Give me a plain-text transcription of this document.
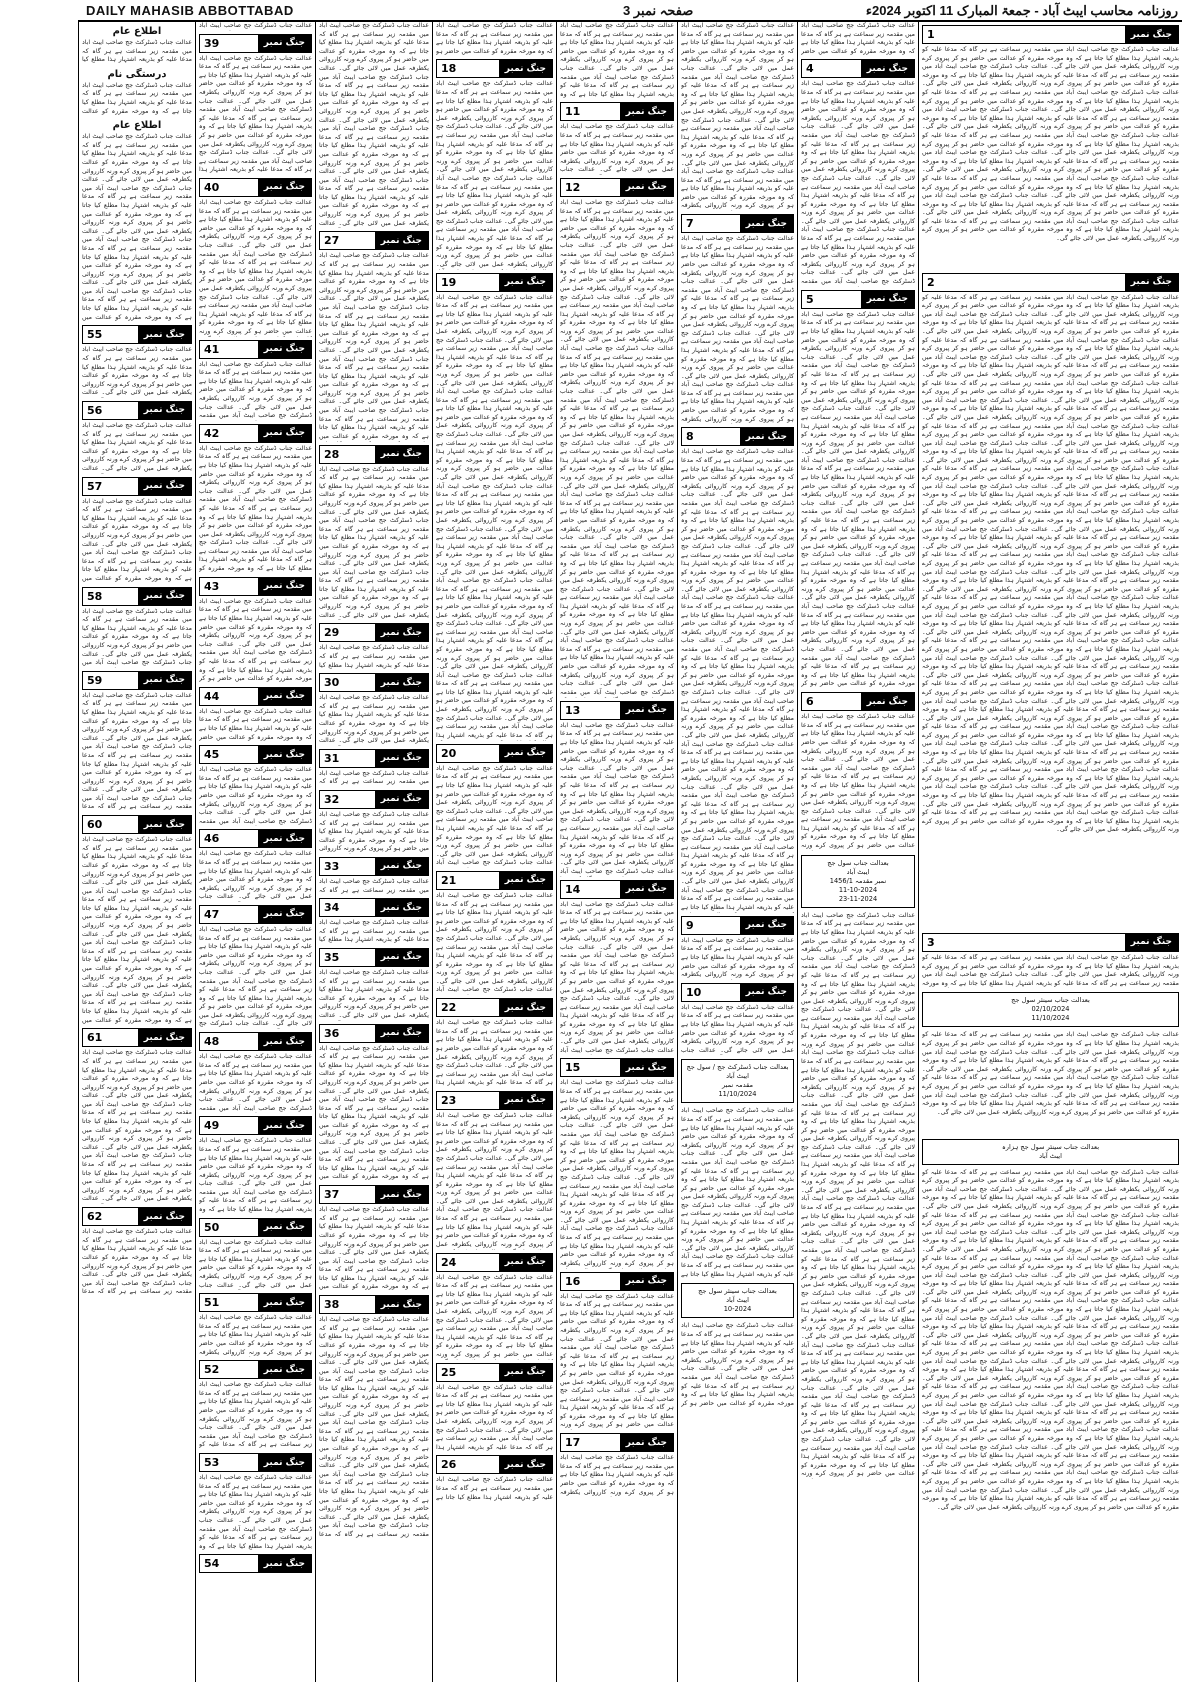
DAILY MAHASIB ABBOTTABAD	صفحہ نمبر 3	روزنامہ محاسب ایبٹ آباد - جمعۃ المبارک 11 اکتوبر 2024ء
اطلاع عام
عدالت جناب ڈسٹرکٹ جج صاحب ایبٹ آباد میں مقدمہ زیر سماعت ہے ہر گاہ کہ مدعا علیہ کو بذریعہ اشتہار ہذا مطلع کیا
درستگی نام
عدالت جناب ڈسٹرکٹ جج صاحب ایبٹ آباد میں مقدمہ زیر سماعت ہے ہر گاہ کہ مدعا علیہ کو بذریعہ اشتہار ہذا مطلع کیا جاتا ہے کہ وہ مورخہ مقررہ کو عدالت
اطلاع عام
عدالت جناب ڈسٹرکٹ جج صاحب ایبٹ آباد میں مقدمہ زیر سماعت ہے ہر گاہ کہ مدعا علیہ کو بذریعہ اشتہار ہذا مطلع کیا جاتا ہے کہ وہ مورخہ مقررہ کو عدالت میں حاضر ہو کر پیروی کرے ورنہ کارروائی یکطرفہ عمل میں لائی جائے گی۔ عدالت جناب ڈسٹرکٹ جج صاحب ایبٹ آباد میں مقدمہ زیر سماعت ہے ہر گاہ کہ مدعا علیہ کو بذریعہ اشتہار ہذا مطلع کیا جاتا ہے کہ وہ مورخہ مقررہ کو عدالت میں حاضر ہو کر پیروی کرے ورنہ کارروائی یکطرفہ عمل میں لائی جائے گی۔ عدالت جناب ڈسٹرکٹ جج صاحب ایبٹ آباد میں مقدمہ زیر سماعت ہے ہر گاہ کہ مدعا علیہ کو بذریعہ اشتہار ہذا مطلع کیا جاتا ہے کہ وہ مورخہ مقررہ کو عدالت میں حاضر ہو کر پیروی کرے ورنہ کارروائی یکطرفہ عمل میں لائی جائے گی۔ عدالت جناب ڈسٹرکٹ جج صاحب ایبٹ آباد میں مقدمہ زیر سماعت ہے ہر گاہ کہ مدعا علیہ کو بذریعہ اشتہار ہذا مطلع کیا جاتا ہے کہ وہ مورخہ مقررہ کو عدالت میں
جنگ نمبر
55
عدالت جناب ڈسٹرکٹ جج صاحب ایبٹ آباد میں مقدمہ زیر سماعت ہے ہر گاہ کہ مدعا علیہ کو بذریعہ اشتہار ہذا مطلع کیا جاتا ہے کہ وہ مورخہ مقررہ کو عدالت میں حاضر ہو کر پیروی کرے ورنہ کارروائی یکطرفہ عمل میں لائی جائے گی۔ عدالت
جنگ نمبر
56
عدالت جناب ڈسٹرکٹ جج صاحب ایبٹ آباد میں مقدمہ زیر سماعت ہے ہر گاہ کہ مدعا علیہ کو بذریعہ اشتہار ہذا مطلع کیا جاتا ہے کہ وہ مورخہ مقررہ کو عدالت میں حاضر ہو کر پیروی کرے ورنہ کارروائی یکطرفہ عمل میں لائی جائے گی۔ عدالت
جنگ نمبر
57
عدالت جناب ڈسٹرکٹ جج صاحب ایبٹ آباد میں مقدمہ زیر سماعت ہے ہر گاہ کہ مدعا علیہ کو بذریعہ اشتہار ہذا مطلع کیا جاتا ہے کہ وہ مورخہ مقررہ کو عدالت میں حاضر ہو کر پیروی کرے ورنہ کارروائی یکطرفہ عمل میں لائی جائے گی۔ عدالت جناب ڈسٹرکٹ جج صاحب ایبٹ آباد میں مقدمہ زیر سماعت ہے ہر گاہ کہ مدعا علیہ کو بذریعہ اشتہار ہذا مطلع کیا جاتا ہے کہ وہ مورخہ مقررہ کو عدالت میں
جنگ نمبر
58
عدالت جناب ڈسٹرکٹ جج صاحب ایبٹ آباد میں مقدمہ زیر سماعت ہے ہر گاہ کہ مدعا علیہ کو بذریعہ اشتہار ہذا مطلع کیا جاتا ہے کہ وہ مورخہ مقررہ کو عدالت میں حاضر ہو کر پیروی کرے ورنہ کارروائی یکطرفہ عمل میں لائی جائے گی۔ عدالت جناب ڈسٹرکٹ جج صاحب ایبٹ آباد میں
جنگ نمبر
59
عدالت جناب ڈسٹرکٹ جج صاحب ایبٹ آباد میں مقدمہ زیر سماعت ہے ہر گاہ کہ مدعا علیہ کو بذریعہ اشتہار ہذا مطلع کیا جاتا ہے کہ وہ مورخہ مقررہ کو عدالت میں حاضر ہو کر پیروی کرے ورنہ کارروائی یکطرفہ عمل میں لائی جائے گی۔ عدالت جناب ڈسٹرکٹ جج صاحب ایبٹ آباد میں مقدمہ زیر سماعت ہے ہر گاہ کہ مدعا علیہ کو بذریعہ اشتہار ہذا مطلع کیا جاتا ہے کہ وہ مورخہ مقررہ کو عدالت میں حاضر ہو کر پیروی کرے ورنہ کارروائی یکطرفہ عمل میں لائی جائے گی۔ عدالت جناب ڈسٹرکٹ جج صاحب ایبٹ آباد میں مقدمہ زیر سماعت ہے ہر گاہ کہ مدعا
جنگ نمبر
60
عدالت جناب ڈسٹرکٹ جج صاحب ایبٹ آباد میں مقدمہ زیر سماعت ہے ہر گاہ کہ مدعا علیہ کو بذریعہ اشتہار ہذا مطلع کیا جاتا ہے کہ وہ مورخہ مقررہ کو عدالت میں حاضر ہو کر پیروی کرے ورنہ کارروائی یکطرفہ عمل میں لائی جائے گی۔ عدالت جناب ڈسٹرکٹ جج صاحب ایبٹ آباد میں مقدمہ زیر سماعت ہے ہر گاہ کہ مدعا علیہ کو بذریعہ اشتہار ہذا مطلع کیا جاتا ہے کہ وہ مورخہ مقررہ کو عدالت میں حاضر ہو کر پیروی کرے ورنہ کارروائی یکطرفہ عمل میں لائی جائے گی۔ عدالت جناب ڈسٹرکٹ جج صاحب ایبٹ آباد میں مقدمہ زیر سماعت ہے ہر گاہ کہ مدعا علیہ کو بذریعہ اشتہار ہذا مطلع کیا جاتا ہے کہ وہ مورخہ مقررہ کو عدالت میں حاضر ہو کر پیروی کرے ورنہ کارروائی یکطرفہ عمل میں لائی جائے گی۔ عدالت جناب ڈسٹرکٹ جج صاحب ایبٹ آباد میں مقدمہ زیر سماعت ہے ہر گاہ کہ مدعا علیہ کو بذریعہ اشتہار ہذا مطلع کیا جاتا ہے کہ وہ مورخہ مقررہ کو عدالت میں
جنگ نمبر
61
عدالت جناب ڈسٹرکٹ جج صاحب ایبٹ آباد میں مقدمہ زیر سماعت ہے ہر گاہ کہ مدعا علیہ کو بذریعہ اشتہار ہذا مطلع کیا جاتا ہے کہ وہ مورخہ مقررہ کو عدالت میں حاضر ہو کر پیروی کرے ورنہ کارروائی یکطرفہ عمل میں لائی جائے گی۔ عدالت جناب ڈسٹرکٹ جج صاحب ایبٹ آباد میں مقدمہ زیر سماعت ہے ہر گاہ کہ مدعا علیہ کو بذریعہ اشتہار ہذا مطلع کیا جاتا ہے کہ وہ مورخہ مقررہ کو عدالت میں حاضر ہو کر پیروی کرے ورنہ کارروائی یکطرفہ عمل میں لائی جائے گی۔ عدالت جناب ڈسٹرکٹ جج صاحب ایبٹ آباد میں مقدمہ زیر سماعت ہے ہر گاہ کہ مدعا علیہ کو بذریعہ اشتہار ہذا مطلع کیا جاتا ہے کہ وہ مورخہ مقررہ کو عدالت میں حاضر ہو کر پیروی کرے ورنہ کارروائی یکطرفہ عمل میں لائی جائے گی۔ عدالت
جنگ نمبر
62
عدالت جناب ڈسٹرکٹ جج صاحب ایبٹ آباد میں مقدمہ زیر سماعت ہے ہر گاہ کہ مدعا علیہ کو بذریعہ اشتہار ہذا مطلع کیا جاتا ہے کہ وہ مورخہ مقررہ کو عدالت میں حاضر ہو کر پیروی کرے ورنہ کارروائی یکطرفہ عمل میں لائی جائے گی۔ عدالت جناب ڈسٹرکٹ جج صاحب ایبٹ آباد میں مقدمہ زیر سماعت ہے ہر گاہ کہ مدعا
عدالت جناب ڈسٹرکٹ جج صاحب ایبٹ آباد
جنگ نمبر
39
عدالت جناب ڈسٹرکٹ جج صاحب ایبٹ آباد میں مقدمہ زیر سماعت ہے ہر گاہ کہ مدعا علیہ کو بذریعہ اشتہار ہذا مطلع کیا جاتا ہے کہ وہ مورخہ مقررہ کو عدالت میں حاضر ہو کر پیروی کرے ورنہ کارروائی یکطرفہ عمل میں لائی جائے گی۔ عدالت جناب ڈسٹرکٹ جج صاحب ایبٹ آباد میں مقدمہ زیر سماعت ہے ہر گاہ کہ مدعا علیہ کو بذریعہ اشتہار ہذا مطلع کیا جاتا ہے کہ وہ مورخہ مقررہ کو عدالت میں حاضر ہو کر پیروی کرے ورنہ کارروائی یکطرفہ عمل میں لائی جائے گی۔ عدالت جناب ڈسٹرکٹ جج صاحب ایبٹ آباد میں مقدمہ زیر سماعت ہے ہر گاہ کہ مدعا علیہ کو بذریعہ اشتہار ہذا
جنگ نمبر
40
عدالت جناب ڈسٹرکٹ جج صاحب ایبٹ آباد میں مقدمہ زیر سماعت ہے ہر گاہ کہ مدعا علیہ کو بذریعہ اشتہار ہذا مطلع کیا جاتا ہے کہ وہ مورخہ مقررہ کو عدالت میں حاضر ہو کر پیروی کرے ورنہ کارروائی یکطرفہ عمل میں لائی جائے گی۔ عدالت جناب ڈسٹرکٹ جج صاحب ایبٹ آباد میں مقدمہ زیر سماعت ہے ہر گاہ کہ مدعا علیہ کو بذریعہ اشتہار ہذا مطلع کیا جاتا ہے کہ وہ مورخہ مقررہ کو عدالت میں حاضر ہو کر پیروی کرے ورنہ کارروائی یکطرفہ عمل میں لائی جائے گی۔ عدالت جناب ڈسٹرکٹ جج صاحب ایبٹ آباد میں مقدمہ زیر سماعت ہے ہر گاہ کہ مدعا علیہ کو بذریعہ اشتہار ہذا مطلع کیا جاتا ہے کہ وہ مورخہ مقررہ کو عدالت میں حاضر ہو کر پیروی کرے ورنہ
جنگ نمبر
41
عدالت جناب ڈسٹرکٹ جج صاحب ایبٹ آباد میں مقدمہ زیر سماعت ہے ہر گاہ کہ مدعا علیہ کو بذریعہ اشتہار ہذا مطلع کیا جاتا ہے کہ وہ مورخہ مقررہ کو عدالت میں حاضر ہو کر پیروی کرے ورنہ کارروائی یکطرفہ عمل میں لائی جائے گی۔ عدالت جناب ڈسٹرکٹ جج صاحب ایبٹ آباد میں مقدمہ
جنگ نمبر
42
عدالت جناب ڈسٹرکٹ جج صاحب ایبٹ آباد میں مقدمہ زیر سماعت ہے ہر گاہ کہ مدعا علیہ کو بذریعہ اشتہار ہذا مطلع کیا جاتا ہے کہ وہ مورخہ مقررہ کو عدالت میں حاضر ہو کر پیروی کرے ورنہ کارروائی یکطرفہ عمل میں لائی جائے گی۔ عدالت جناب ڈسٹرکٹ جج صاحب ایبٹ آباد میں مقدمہ زیر سماعت ہے ہر گاہ کہ مدعا علیہ کو بذریعہ اشتہار ہذا مطلع کیا جاتا ہے کہ وہ مورخہ مقررہ کو عدالت میں حاضر ہو کر پیروی کرے ورنہ کارروائی یکطرفہ عمل میں لائی جائے گی۔ عدالت جناب ڈسٹرکٹ جج صاحب ایبٹ آباد میں مقدمہ زیر سماعت ہے ہر گاہ کہ مدعا علیہ کو بذریعہ اشتہار ہذا مطلع کیا جاتا ہے کہ وہ مورخہ مقررہ کو
جنگ نمبر
43
عدالت جناب ڈسٹرکٹ جج صاحب ایبٹ آباد میں مقدمہ زیر سماعت ہے ہر گاہ کہ مدعا علیہ کو بذریعہ اشتہار ہذا مطلع کیا جاتا ہے کہ وہ مورخہ مقررہ کو عدالت میں حاضر ہو کر پیروی کرے ورنہ کارروائی یکطرفہ عمل میں لائی جائے گی۔ عدالت جناب ڈسٹرکٹ جج صاحب ایبٹ آباد میں مقدمہ زیر سماعت ہے ہر گاہ کہ مدعا علیہ کو بذریعہ اشتہار ہذا مطلع کیا جاتا ہے کہ وہ مورخہ مقررہ کو عدالت میں حاضر ہو کر
جنگ نمبر
44
عدالت جناب ڈسٹرکٹ جج صاحب ایبٹ آباد میں مقدمہ زیر سماعت ہے ہر گاہ کہ مدعا علیہ کو بذریعہ اشتہار ہذا مطلع کیا جاتا ہے کہ وہ مورخہ مقررہ کو عدالت میں حاضر
جنگ نمبر
45
عدالت جناب ڈسٹرکٹ جج صاحب ایبٹ آباد میں مقدمہ زیر سماعت ہے ہر گاہ کہ مدعا علیہ کو بذریعہ اشتہار ہذا مطلع کیا جاتا ہے کہ وہ مورخہ مقررہ کو عدالت میں حاضر ہو کر پیروی کرے ورنہ کارروائی یکطرفہ عمل میں لائی جائے گی۔ عدالت جناب ڈسٹرکٹ جج صاحب ایبٹ آباد میں مقدمہ
جنگ نمبر
46
عدالت جناب ڈسٹرکٹ جج صاحب ایبٹ آباد میں مقدمہ زیر سماعت ہے ہر گاہ کہ مدعا علیہ کو بذریعہ اشتہار ہذا مطلع کیا جاتا ہے کہ وہ مورخہ مقررہ کو عدالت میں حاضر ہو کر پیروی کرے ورنہ کارروائی یکطرفہ عمل میں لائی جائے گی۔ عدالت جناب
جنگ نمبر
47
عدالت جناب ڈسٹرکٹ جج صاحب ایبٹ آباد میں مقدمہ زیر سماعت ہے ہر گاہ کہ مدعا علیہ کو بذریعہ اشتہار ہذا مطلع کیا جاتا ہے کہ وہ مورخہ مقررہ کو عدالت میں حاضر ہو کر پیروی کرے ورنہ کارروائی یکطرفہ عمل میں لائی جائے گی۔ عدالت جناب ڈسٹرکٹ جج صاحب ایبٹ آباد میں مقدمہ زیر سماعت ہے ہر گاہ کہ مدعا علیہ کو بذریعہ اشتہار ہذا مطلع کیا جاتا ہے کہ وہ مورخہ مقررہ کو عدالت میں حاضر ہو کر پیروی کرے ورنہ کارروائی یکطرفہ عمل میں لائی جائے گی۔ عدالت جناب ڈسٹرکٹ جج
جنگ نمبر
48
عدالت جناب ڈسٹرکٹ جج صاحب ایبٹ آباد میں مقدمہ زیر سماعت ہے ہر گاہ کہ مدعا علیہ کو بذریعہ اشتہار ہذا مطلع کیا جاتا ہے کہ وہ مورخہ مقررہ کو عدالت میں حاضر ہو کر پیروی کرے ورنہ کارروائی یکطرفہ عمل میں لائی جائے گی۔ عدالت جناب ڈسٹرکٹ جج صاحب ایبٹ آباد میں مقدمہ
جنگ نمبر
49
عدالت جناب ڈسٹرکٹ جج صاحب ایبٹ آباد میں مقدمہ زیر سماعت ہے ہر گاہ کہ مدعا علیہ کو بذریعہ اشتہار ہذا مطلع کیا جاتا ہے کہ وہ مورخہ مقررہ کو عدالت میں حاضر ہو کر پیروی کرے ورنہ کارروائی یکطرفہ عمل میں لائی جائے گی۔ عدالت جناب ڈسٹرکٹ جج صاحب ایبٹ آباد میں مقدمہ زیر سماعت ہے ہر گاہ کہ مدعا علیہ کو بذریعہ اشتہار ہذا مطلع کیا جاتا ہے کہ وہ
جنگ نمبر
50
عدالت جناب ڈسٹرکٹ جج صاحب ایبٹ آباد میں مقدمہ زیر سماعت ہے ہر گاہ کہ مدعا علیہ کو بذریعہ اشتہار ہذا مطلع کیا جاتا ہے کہ وہ مورخہ مقررہ کو عدالت میں حاضر ہو کر پیروی کرے ورنہ کارروائی یکطرفہ عمل میں لائی جائے گی۔ عدالت جناب
جنگ نمبر
51
عدالت جناب ڈسٹرکٹ جج صاحب ایبٹ آباد میں مقدمہ زیر سماعت ہے ہر گاہ کہ مدعا علیہ کو بذریعہ اشتہار ہذا مطلع کیا جاتا ہے کہ وہ مورخہ مقررہ کو عدالت میں حاضر ہو کر پیروی کرے ورنہ کارروائی یکطرفہ
جنگ نمبر
52
عدالت جناب ڈسٹرکٹ جج صاحب ایبٹ آباد میں مقدمہ زیر سماعت ہے ہر گاہ کہ مدعا علیہ کو بذریعہ اشتہار ہذا مطلع کیا جاتا ہے کہ وہ مورخہ مقررہ کو عدالت میں حاضر ہو کر پیروی کرے ورنہ کارروائی یکطرفہ عمل میں لائی جائے گی۔ عدالت جناب ڈسٹرکٹ جج صاحب ایبٹ آباد میں مقدمہ زیر سماعت ہے ہر گاہ کہ مدعا علیہ کو
جنگ نمبر
53
عدالت جناب ڈسٹرکٹ جج صاحب ایبٹ آباد میں مقدمہ زیر سماعت ہے ہر گاہ کہ مدعا علیہ کو بذریعہ اشتہار ہذا مطلع کیا جاتا ہے کہ وہ مورخہ مقررہ کو عدالت میں حاضر ہو کر پیروی کرے ورنہ کارروائی یکطرفہ عمل میں لائی جائے گی۔ عدالت جناب ڈسٹرکٹ جج صاحب ایبٹ آباد میں مقدمہ زیر سماعت ہے ہر گاہ کہ مدعا علیہ کو بذریعہ اشتہار ہذا مطلع کیا جاتا ہے کہ وہ
جنگ نمبر
54
عدالت جناب ڈسٹرکٹ جج صاحب ایبٹ آباد میں مقدمہ زیر سماعت ہے ہر گاہ کہ مدعا علیہ کو بذریعہ اشتہار ہذا مطلع کیا جاتا ہے کہ وہ مورخہ مقررہ کو عدالت میں حاضر ہو کر پیروی کرے ورنہ کارروائی یکطرفہ عمل میں لائی جائے گی۔ عدالت جناب ڈسٹرکٹ جج صاحب ایبٹ آباد میں مقدمہ زیر سماعت ہے ہر گاہ کہ مدعا علیہ کو بذریعہ اشتہار ہذا مطلع کیا جاتا ہے کہ وہ مورخہ مقررہ کو عدالت میں حاضر ہو کر پیروی کرے ورنہ کارروائی یکطرفہ عمل میں لائی جائے گی۔ عدالت جناب ڈسٹرکٹ جج صاحب ایبٹ آباد میں مقدمہ زیر سماعت ہے ہر گاہ کہ مدعا علیہ کو بذریعہ اشتہار ہذا مطلع کیا جاتا ہے کہ وہ مورخہ مقررہ کو عدالت میں حاضر ہو کر پیروی کرے ورنہ کارروائی یکطرفہ عمل میں لائی جائے گی۔ عدالت جناب ڈسٹرکٹ جج صاحب ایبٹ آباد میں مقدمہ زیر سماعت ہے ہر گاہ کہ مدعا علیہ کو بذریعہ اشتہار ہذا مطلع کیا جاتا ہے کہ وہ مورخہ مقررہ کو عدالت میں حاضر ہو کر پیروی کرے ورنہ کارروائی یکطرفہ عمل میں لائی جائے گی۔ عدالت
جنگ نمبر
27
عدالت جناب ڈسٹرکٹ جج صاحب ایبٹ آباد میں مقدمہ زیر سماعت ہے ہر گاہ کہ مدعا علیہ کو بذریعہ اشتہار ہذا مطلع کیا جاتا ہے کہ وہ مورخہ مقررہ کو عدالت میں حاضر ہو کر پیروی کرے ورنہ کارروائی یکطرفہ عمل میں لائی جائے گی۔ عدالت جناب ڈسٹرکٹ جج صاحب ایبٹ آباد میں مقدمہ زیر سماعت ہے ہر گاہ کہ مدعا علیہ کو بذریعہ اشتہار ہذا مطلع کیا جاتا ہے کہ وہ مورخہ مقررہ کو عدالت میں حاضر ہو کر پیروی کرے ورنہ کارروائی یکطرفہ عمل میں لائی جائے گی۔ عدالت جناب ڈسٹرکٹ جج صاحب ایبٹ آباد میں مقدمہ زیر سماعت ہے ہر گاہ کہ مدعا علیہ کو بذریعہ اشتہار ہذا مطلع کیا جاتا ہے کہ وہ مورخہ مقررہ کو عدالت میں حاضر ہو کر پیروی کرے ورنہ کارروائی یکطرفہ عمل میں لائی جائے گی۔ عدالت جناب ڈسٹرکٹ جج صاحب ایبٹ آباد میں مقدمہ زیر سماعت ہے ہر گاہ کہ مدعا علیہ کو بذریعہ اشتہار ہذا مطلع کیا جاتا ہے کہ وہ مورخہ مقررہ کو عدالت میں
جنگ نمبر
28
عدالت جناب ڈسٹرکٹ جج صاحب ایبٹ آباد میں مقدمہ زیر سماعت ہے ہر گاہ کہ مدعا علیہ کو بذریعہ اشتہار ہذا مطلع کیا جاتا ہے کہ وہ مورخہ مقررہ کو عدالت میں حاضر ہو کر پیروی کرے ورنہ کارروائی یکطرفہ عمل میں لائی جائے گی۔ عدالت جناب ڈسٹرکٹ جج صاحب ایبٹ آباد میں مقدمہ زیر سماعت ہے ہر گاہ کہ مدعا علیہ کو بذریعہ اشتہار ہذا مطلع کیا جاتا ہے کہ وہ مورخہ مقررہ کو عدالت میں حاضر ہو کر پیروی کرے ورنہ کارروائی یکطرفہ عمل میں لائی جائے گی۔ عدالت جناب ڈسٹرکٹ جج صاحب ایبٹ آباد میں مقدمہ زیر سماعت ہے ہر گاہ کہ مدعا علیہ کو بذریعہ اشتہار ہذا مطلع کیا جاتا ہے کہ وہ مورخہ مقررہ کو عدالت میں حاضر ہو کر پیروی کرے ورنہ کارروائی یکطرفہ عمل میں لائی جائے گی۔ عدالت
جنگ نمبر
29
عدالت جناب ڈسٹرکٹ جج صاحب ایبٹ آباد میں مقدمہ زیر سماعت ہے ہر گاہ کہ مدعا علیہ کو بذریعہ اشتہار ہذا مطلع کیا
جنگ نمبر
30
عدالت جناب ڈسٹرکٹ جج صاحب ایبٹ آباد میں مقدمہ زیر سماعت ہے ہر گاہ کہ مدعا علیہ کو بذریعہ اشتہار ہذا مطلع کیا جاتا ہے کہ وہ مورخہ مقررہ کو عدالت میں حاضر ہو کر پیروی کرے ورنہ کارروائی یکطرفہ عمل میں لائی جائے گی۔ عدالت
جنگ نمبر
31
عدالت جناب ڈسٹرکٹ جج صاحب ایبٹ آباد میں مقدمہ زیر سماعت ہے ہر گاہ کہ
جنگ نمبر
32
عدالت جناب ڈسٹرکٹ جج صاحب ایبٹ آباد میں مقدمہ زیر سماعت ہے ہر گاہ کہ مدعا علیہ کو بذریعہ اشتہار ہذا مطلع کیا جاتا ہے کہ وہ مورخہ مقررہ کو عدالت میں حاضر ہو کر پیروی کرے ورنہ کارروائی
جنگ نمبر
33
عدالت جناب ڈسٹرکٹ جج صاحب ایبٹ آباد میں مقدمہ زیر سماعت ہے ہر گاہ کہ
جنگ نمبر
34
عدالت جناب ڈسٹرکٹ جج صاحب ایبٹ آباد میں مقدمہ زیر سماعت ہے ہر گاہ کہ مدعا علیہ کو بذریعہ اشتہار ہذا مطلع کیا
جنگ نمبر
35
عدالت جناب ڈسٹرکٹ جج صاحب ایبٹ آباد میں مقدمہ زیر سماعت ہے ہر گاہ کہ مدعا علیہ کو بذریعہ اشتہار ہذا مطلع کیا جاتا ہے کہ وہ مورخہ مقررہ کو عدالت میں حاضر ہو کر پیروی کرے ورنہ کارروائی یکطرفہ عمل میں لائی جائے گی۔ عدالت
جنگ نمبر
36
عدالت جناب ڈسٹرکٹ جج صاحب ایبٹ آباد میں مقدمہ زیر سماعت ہے ہر گاہ کہ مدعا علیہ کو بذریعہ اشتہار ہذا مطلع کیا جاتا ہے کہ وہ مورخہ مقررہ کو عدالت میں حاضر ہو کر پیروی کرے ورنہ کارروائی یکطرفہ عمل میں لائی جائے گی۔ عدالت جناب ڈسٹرکٹ جج صاحب ایبٹ آباد میں مقدمہ زیر سماعت ہے ہر گاہ کہ مدعا علیہ کو بذریعہ اشتہار ہذا مطلع کیا جاتا ہے کہ وہ مورخہ مقررہ کو عدالت میں حاضر ہو کر پیروی کرے ورنہ کارروائی یکطرفہ عمل میں لائی جائے گی۔ عدالت جناب ڈسٹرکٹ جج صاحب ایبٹ آباد میں مقدمہ زیر سماعت ہے ہر گاہ کہ مدعا علیہ کو بذریعہ اشتہار ہذا مطلع کیا جاتا ہے کہ وہ مورخہ مقررہ کو عدالت میں
جنگ نمبر
37
عدالت جناب ڈسٹرکٹ جج صاحب ایبٹ آباد میں مقدمہ زیر سماعت ہے ہر گاہ کہ مدعا علیہ کو بذریعہ اشتہار ہذا مطلع کیا جاتا ہے کہ وہ مورخہ مقررہ کو عدالت میں حاضر ہو کر پیروی کرے ورنہ کارروائی یکطرفہ عمل میں لائی جائے گی۔ عدالت جناب ڈسٹرکٹ جج صاحب ایبٹ آباد میں مقدمہ زیر سماعت ہے ہر گاہ کہ مدعا علیہ کو بذریعہ اشتہار ہذا مطلع کیا جاتا ہے کہ وہ مورخہ مقررہ کو عدالت میں
جنگ نمبر
38
عدالت جناب ڈسٹرکٹ جج صاحب ایبٹ آباد میں مقدمہ زیر سماعت ہے ہر گاہ کہ مدعا علیہ کو بذریعہ اشتہار ہذا مطلع کیا جاتا ہے کہ وہ مورخہ مقررہ کو عدالت میں حاضر ہو کر پیروی کرے ورنہ کارروائی یکطرفہ عمل میں لائی جائے گی۔ عدالت جناب ڈسٹرکٹ جج صاحب ایبٹ آباد میں مقدمہ زیر سماعت ہے ہر گاہ کہ مدعا علیہ کو بذریعہ اشتہار ہذا مطلع کیا جاتا ہے کہ وہ مورخہ مقررہ کو عدالت میں حاضر ہو کر پیروی کرے ورنہ کارروائی یکطرفہ عمل میں لائی جائے گی۔ عدالت جناب ڈسٹرکٹ جج صاحب ایبٹ آباد میں مقدمہ زیر سماعت ہے ہر گاہ کہ مدعا علیہ کو بذریعہ اشتہار ہذا مطلع کیا جاتا ہے کہ وہ مورخہ مقررہ کو عدالت میں حاضر ہو کر پیروی کرے ورنہ کارروائی یکطرفہ عمل میں لائی جائے گی۔ عدالت جناب ڈسٹرکٹ جج صاحب ایبٹ آباد میں مقدمہ زیر سماعت ہے ہر گاہ کہ مدعا علیہ کو بذریعہ اشتہار ہذا مطلع کیا جاتا ہے کہ وہ مورخہ مقررہ کو عدالت میں حاضر ہو کر پیروی کرے ورنہ کارروائی یکطرفہ عمل میں لائی جائے گی۔ عدالت جناب ڈسٹرکٹ جج صاحب ایبٹ آباد میں مقدمہ زیر سماعت ہے ہر گاہ کہ مدعا
عدالت جناب ڈسٹرکٹ جج صاحب ایبٹ آباد میں مقدمہ زیر سماعت ہے ہر گاہ کہ مدعا علیہ کو بذریعہ اشتہار ہذا مطلع کیا جاتا ہے کہ وہ مورخہ مقررہ کو عدالت میں حاضر ہو
جنگ نمبر
18
عدالت جناب ڈسٹرکٹ جج صاحب ایبٹ آباد میں مقدمہ زیر سماعت ہے ہر گاہ کہ مدعا علیہ کو بذریعہ اشتہار ہذا مطلع کیا جاتا ہے کہ وہ مورخہ مقررہ کو عدالت میں حاضر ہو کر پیروی کرے ورنہ کارروائی یکطرفہ عمل میں لائی جائے گی۔ عدالت جناب ڈسٹرکٹ جج صاحب ایبٹ آباد میں مقدمہ زیر سماعت ہے ہر گاہ کہ مدعا علیہ کو بذریعہ اشتہار ہذا مطلع کیا جاتا ہے کہ وہ مورخہ مقررہ کو عدالت میں حاضر ہو کر پیروی کرے ورنہ کارروائی یکطرفہ عمل میں لائی جائے گی۔ عدالت جناب ڈسٹرکٹ جج صاحب ایبٹ آباد میں مقدمہ زیر سماعت ہے ہر گاہ کہ مدعا علیہ کو بذریعہ اشتہار ہذا مطلع کیا جاتا ہے کہ وہ مورخہ مقررہ کو عدالت میں حاضر ہو کر پیروی کرے ورنہ کارروائی یکطرفہ عمل میں لائی جائے گی۔ عدالت جناب ڈسٹرکٹ جج صاحب ایبٹ آباد میں مقدمہ زیر سماعت ہے ہر گاہ کہ مدعا علیہ کو بذریعہ اشتہار ہذا مطلع کیا جاتا ہے کہ وہ مورخہ مقررہ کو عدالت میں حاضر ہو کر پیروی کرے ورنہ کارروائی یکطرفہ عمل میں لائی جائے گی۔
جنگ نمبر
19
عدالت جناب ڈسٹرکٹ جج صاحب ایبٹ آباد میں مقدمہ زیر سماعت ہے ہر گاہ کہ مدعا علیہ کو بذریعہ اشتہار ہذا مطلع کیا جاتا ہے کہ وہ مورخہ مقررہ کو عدالت میں حاضر ہو کر پیروی کرے ورنہ کارروائی یکطرفہ عمل میں لائی جائے گی۔ عدالت جناب ڈسٹرکٹ جج صاحب ایبٹ آباد میں مقدمہ زیر سماعت ہے ہر گاہ کہ مدعا علیہ کو بذریعہ اشتہار ہذا مطلع کیا جاتا ہے کہ وہ مورخہ مقررہ کو عدالت میں حاضر ہو کر پیروی کرے ورنہ کارروائی یکطرفہ عمل میں لائی جائے گی۔ عدالت جناب ڈسٹرکٹ جج صاحب ایبٹ آباد میں مقدمہ زیر سماعت ہے ہر گاہ کہ مدعا علیہ کو بذریعہ اشتہار ہذا مطلع کیا جاتا ہے کہ وہ مورخہ مقررہ کو عدالت میں حاضر ہو کر پیروی کرے ورنہ کارروائی یکطرفہ عمل میں لائی جائے گی۔ عدالت جناب ڈسٹرکٹ جج صاحب ایبٹ آباد میں مقدمہ زیر سماعت ہے ہر گاہ کہ مدعا علیہ کو بذریعہ اشتہار ہذا مطلع کیا جاتا ہے کہ وہ مورخہ مقررہ کو عدالت میں حاضر ہو کر پیروی کرے ورنہ کارروائی یکطرفہ عمل میں لائی جائے گی۔ عدالت جناب ڈسٹرکٹ جج صاحب ایبٹ آباد میں مقدمہ زیر سماعت ہے ہر گاہ کہ مدعا علیہ کو بذریعہ اشتہار ہذا مطلع کیا جاتا ہے کہ وہ مورخہ مقررہ کو عدالت میں حاضر ہو کر پیروی کرے ورنہ کارروائی یکطرفہ عمل میں لائی جائے گی۔ عدالت جناب ڈسٹرکٹ جج صاحب ایبٹ آباد میں مقدمہ زیر سماعت ہے ہر گاہ کہ مدعا علیہ کو بذریعہ اشتہار ہذا مطلع کیا جاتا ہے کہ وہ مورخہ مقررہ کو عدالت میں حاضر ہو کر پیروی کرے ورنہ کارروائی یکطرفہ عمل میں لائی جائے گی۔ عدالت جناب ڈسٹرکٹ جج صاحب ایبٹ آباد میں مقدمہ زیر سماعت ہے ہر گاہ کہ مدعا علیہ کو بذریعہ اشتہار ہذا مطلع کیا جاتا ہے کہ وہ مورخہ مقررہ کو عدالت میں حاضر ہو کر پیروی کرے ورنہ کارروائی یکطرفہ عمل میں لائی جائے گی۔ عدالت جناب ڈسٹرکٹ جج صاحب ایبٹ آباد میں مقدمہ زیر سماعت ہے ہر گاہ کہ مدعا علیہ کو بذریعہ اشتہار ہذا مطلع کیا جاتا ہے کہ وہ مورخہ مقررہ کو عدالت میں حاضر ہو کر پیروی کرے ورنہ کارروائی یکطرفہ عمل میں لائی جائے گی۔ عدالت جناب ڈسٹرکٹ جج صاحب ایبٹ آباد میں مقدمہ زیر سماعت ہے ہر گاہ کہ مدعا علیہ کو بذریعہ اشتہار ہذا مطلع کیا جاتا ہے کہ وہ مورخہ مقررہ کو عدالت میں حاضر ہو کر پیروی کرے ورنہ کارروائی یکطرفہ عمل میں لائی جائے گی۔ عدالت جناب ڈسٹرکٹ جج صاحب ایبٹ آباد میں مقدمہ زیر سماعت ہے ہر گاہ کہ مدعا علیہ کو بذریعہ اشتہار ہذا
جنگ نمبر
20
عدالت جناب ڈسٹرکٹ جج صاحب ایبٹ آباد میں مقدمہ زیر سماعت ہے ہر گاہ کہ مدعا علیہ کو بذریعہ اشتہار ہذا مطلع کیا جاتا ہے کہ وہ مورخہ مقررہ کو عدالت میں حاضر ہو کر پیروی کرے ورنہ کارروائی یکطرفہ عمل میں لائی جائے گی۔ عدالت جناب ڈسٹرکٹ جج صاحب ایبٹ آباد میں مقدمہ زیر سماعت ہے ہر گاہ کہ مدعا علیہ کو بذریعہ اشتہار ہذا مطلع کیا جاتا ہے کہ وہ مورخہ مقررہ کو عدالت میں حاضر ہو کر پیروی کرے ورنہ کارروائی یکطرفہ عمل میں لائی جائے گی۔ عدالت جناب ڈسٹرکٹ جج صاحب ایبٹ آباد
جنگ نمبر
21
عدالت جناب ڈسٹرکٹ جج صاحب ایبٹ آباد میں مقدمہ زیر سماعت ہے ہر گاہ کہ مدعا علیہ کو بذریعہ اشتہار ہذا مطلع کیا جاتا ہے کہ وہ مورخہ مقررہ کو عدالت میں حاضر ہو کر پیروی کرے ورنہ کارروائی یکطرفہ عمل میں لائی جائے گی۔ عدالت جناب ڈسٹرکٹ جج صاحب ایبٹ آباد میں مقدمہ زیر سماعت ہے ہر گاہ کہ مدعا علیہ کو بذریعہ اشتہار ہذا مطلع کیا جاتا ہے کہ وہ مورخہ مقررہ کو عدالت میں حاضر ہو کر پیروی کرے ورنہ کارروائی یکطرفہ عمل میں لائی جائے گی۔ عدالت جناب ڈسٹرکٹ جج صاحب ایبٹ آباد
جنگ نمبر
22
عدالت جناب ڈسٹرکٹ جج صاحب ایبٹ آباد میں مقدمہ زیر سماعت ہے ہر گاہ کہ مدعا علیہ کو بذریعہ اشتہار ہذا مطلع کیا جاتا ہے کہ وہ مورخہ مقررہ کو عدالت میں حاضر ہو کر پیروی کرے ورنہ کارروائی یکطرفہ عمل میں لائی جائے گی۔ عدالت جناب ڈسٹرکٹ جج صاحب ایبٹ آباد میں مقدمہ زیر سماعت ہے ہر گاہ کہ مدعا علیہ کو بذریعہ اشتہار ہذا
جنگ نمبر
23
عدالت جناب ڈسٹرکٹ جج صاحب ایبٹ آباد میں مقدمہ زیر سماعت ہے ہر گاہ کہ مدعا علیہ کو بذریعہ اشتہار ہذا مطلع کیا جاتا ہے کہ وہ مورخہ مقررہ کو عدالت میں حاضر ہو کر پیروی کرے ورنہ کارروائی یکطرفہ عمل میں لائی جائے گی۔ عدالت جناب ڈسٹرکٹ جج صاحب ایبٹ آباد میں مقدمہ زیر سماعت ہے ہر گاہ کہ مدعا علیہ کو بذریعہ اشتہار ہذا مطلع کیا جاتا ہے کہ وہ مورخہ مقررہ کو عدالت میں حاضر ہو کر پیروی کرے ورنہ کارروائی یکطرفہ عمل میں لائی جائے گی۔ عدالت جناب ڈسٹرکٹ جج صاحب ایبٹ آباد میں مقدمہ زیر سماعت ہے ہر گاہ کہ مدعا علیہ کو بذریعہ اشتہار ہذا مطلع کیا جاتا ہے کہ وہ مورخہ مقررہ کو عدالت میں حاضر ہو کر پیروی کرے ورنہ کارروائی یکطرفہ عمل
جنگ نمبر
24
عدالت جناب ڈسٹرکٹ جج صاحب ایبٹ آباد میں مقدمہ زیر سماعت ہے ہر گاہ کہ مدعا علیہ کو بذریعہ اشتہار ہذا مطلع کیا جاتا ہے کہ وہ مورخہ مقررہ کو عدالت میں حاضر ہو کر پیروی کرے ورنہ کارروائی یکطرفہ عمل میں لائی جائے گی۔ عدالت جناب ڈسٹرکٹ جج صاحب ایبٹ آباد میں مقدمہ زیر سماعت ہے ہر گاہ کہ مدعا علیہ کو بذریعہ اشتہار ہذا مطلع کیا جاتا ہے کہ وہ مورخہ مقررہ کو عدالت میں حاضر ہو کر پیروی کرے ورنہ
جنگ نمبر
25
عدالت جناب ڈسٹرکٹ جج صاحب ایبٹ آباد میں مقدمہ زیر سماعت ہے ہر گاہ کہ مدعا علیہ کو بذریعہ اشتہار ہذا مطلع کیا جاتا ہے کہ وہ مورخہ مقررہ کو عدالت میں حاضر ہو کر پیروی کرے ورنہ کارروائی یکطرفہ عمل میں لائی جائے گی۔ عدالت جناب ڈسٹرکٹ جج صاحب ایبٹ آباد میں مقدمہ زیر سماعت ہے ہر گاہ کہ مدعا علیہ کو بذریعہ اشتہار ہذا
جنگ نمبر
26
عدالت جناب ڈسٹرکٹ جج صاحب ایبٹ آباد میں مقدمہ زیر سماعت ہے ہر گاہ کہ مدعا علیہ کو بذریعہ اشتہار ہذا مطلع کیا جاتا ہے
عدالت جناب ڈسٹرکٹ جج صاحب ایبٹ آباد میں مقدمہ زیر سماعت ہے ہر گاہ کہ مدعا علیہ کو بذریعہ اشتہار ہذا مطلع کیا جاتا ہے کہ وہ مورخہ مقررہ کو عدالت میں حاضر ہو کر پیروی کرے ورنہ کارروائی یکطرفہ عمل میں لائی جائے گی۔ عدالت جناب ڈسٹرکٹ جج صاحب ایبٹ آباد میں مقدمہ زیر سماعت ہے ہر گاہ کہ مدعا علیہ کو بذریعہ اشتہار ہذا مطلع کیا جاتا ہے کہ وہ
جنگ نمبر
11
عدالت جناب ڈسٹرکٹ جج صاحب ایبٹ آباد میں مقدمہ زیر سماعت ہے ہر گاہ کہ مدعا علیہ کو بذریعہ اشتہار ہذا مطلع کیا جاتا ہے کہ وہ مورخہ مقررہ کو عدالت میں حاضر ہو کر پیروی کرے ورنہ کارروائی یکطرفہ عمل میں لائی جائے گی۔ عدالت جناب
جنگ نمبر
12
عدالت جناب ڈسٹرکٹ جج صاحب ایبٹ آباد میں مقدمہ زیر سماعت ہے ہر گاہ کہ مدعا علیہ کو بذریعہ اشتہار ہذا مطلع کیا جاتا ہے کہ وہ مورخہ مقررہ کو عدالت میں حاضر ہو کر پیروی کرے ورنہ کارروائی یکطرفہ عمل میں لائی جائے گی۔ عدالت جناب ڈسٹرکٹ جج صاحب ایبٹ آباد میں مقدمہ زیر سماعت ہے ہر گاہ کہ مدعا علیہ کو بذریعہ اشتہار ہذا مطلع کیا جاتا ہے کہ وہ مورخہ مقررہ کو عدالت میں حاضر ہو کر پیروی کرے ورنہ کارروائی یکطرفہ عمل میں لائی جائے گی۔ عدالت جناب ڈسٹرکٹ جج صاحب ایبٹ آباد میں مقدمہ زیر سماعت ہے ہر گاہ کہ مدعا علیہ کو بذریعہ اشتہار ہذا مطلع کیا جاتا ہے کہ وہ مورخہ مقررہ کو عدالت میں حاضر ہو کر پیروی کرے ورنہ کارروائی یکطرفہ عمل میں لائی جائے گی۔ عدالت جناب ڈسٹرکٹ جج صاحب ایبٹ آباد میں مقدمہ زیر سماعت ہے ہر گاہ کہ مدعا علیہ کو بذریعہ اشتہار ہذا مطلع کیا جاتا ہے کہ وہ مورخہ مقررہ کو عدالت میں حاضر ہو کر پیروی کرے ورنہ کارروائی یکطرفہ عمل میں لائی جائے گی۔ عدالت جناب ڈسٹرکٹ جج صاحب ایبٹ آباد میں مقدمہ زیر سماعت ہے ہر گاہ کہ مدعا علیہ کو بذریعہ اشتہار ہذا مطلع کیا جاتا ہے کہ وہ مورخہ مقررہ کو عدالت میں حاضر ہو کر پیروی کرے ورنہ کارروائی یکطرفہ عمل میں لائی جائے گی۔ عدالت جناب ڈسٹرکٹ جج صاحب ایبٹ آباد میں مقدمہ زیر سماعت ہے ہر گاہ کہ مدعا علیہ کو بذریعہ اشتہار ہذا مطلع کیا جاتا ہے کہ وہ مورخہ مقررہ کو عدالت میں حاضر ہو کر پیروی کرے ورنہ کارروائی یکطرفہ عمل میں لائی جائے گی۔ عدالت جناب ڈسٹرکٹ جج صاحب ایبٹ آباد میں مقدمہ زیر سماعت ہے ہر گاہ کہ مدعا علیہ کو بذریعہ اشتہار ہذا مطلع کیا جاتا ہے کہ وہ مورخہ مقررہ کو عدالت میں حاضر ہو کر پیروی کرے ورنہ کارروائی یکطرفہ عمل میں لائی جائے گی۔ عدالت جناب ڈسٹرکٹ جج صاحب ایبٹ آباد میں مقدمہ زیر سماعت ہے ہر گاہ کہ مدعا علیہ کو بذریعہ اشتہار ہذا مطلع کیا جاتا ہے کہ وہ مورخہ مقررہ کو عدالت میں حاضر ہو کر پیروی کرے ورنہ کارروائی یکطرفہ عمل میں لائی جائے گی۔ عدالت جناب ڈسٹرکٹ جج صاحب ایبٹ آباد میں مقدمہ زیر سماعت ہے ہر گاہ کہ مدعا علیہ کو بذریعہ اشتہار ہذا مطلع کیا جاتا ہے کہ وہ مورخہ مقررہ کو عدالت میں حاضر ہو کر پیروی کرے ورنہ کارروائی یکطرفہ عمل میں لائی جائے گی۔ عدالت جناب ڈسٹرکٹ جج صاحب ایبٹ آباد میں مقدمہ زیر سماعت ہے ہر گاہ کہ مدعا علیہ کو بذریعہ اشتہار ہذا مطلع کیا جاتا ہے کہ وہ مورخہ مقررہ کو عدالت میں حاضر ہو کر پیروی کرے ورنہ کارروائی یکطرفہ عمل میں لائی جائے گی۔ عدالت جناب ڈسٹرکٹ جج صاحب ایبٹ آباد میں مقدمہ
جنگ نمبر
13
عدالت جناب ڈسٹرکٹ جج صاحب ایبٹ آباد میں مقدمہ زیر سماعت ہے ہر گاہ کہ مدعا علیہ کو بذریعہ اشتہار ہذا مطلع کیا جاتا ہے کہ وہ مورخہ مقررہ کو عدالت میں حاضر ہو کر پیروی کرے ورنہ کارروائی یکطرفہ عمل میں لائی جائے گی۔ عدالت جناب ڈسٹرکٹ جج صاحب ایبٹ آباد میں مقدمہ زیر سماعت ہے ہر گاہ کہ مدعا علیہ کو بذریعہ اشتہار ہذا مطلع کیا جاتا ہے کہ وہ مورخہ مقررہ کو عدالت میں حاضر ہو کر پیروی کرے ورنہ کارروائی یکطرفہ عمل میں لائی جائے گی۔ عدالت جناب ڈسٹرکٹ جج صاحب ایبٹ آباد میں مقدمہ زیر سماعت ہے ہر گاہ کہ مدعا علیہ کو بذریعہ اشتہار ہذا مطلع کیا جاتا ہے کہ وہ مورخہ مقررہ کو عدالت میں حاضر ہو کر پیروی کرے ورنہ کارروائی یکطرفہ عمل میں لائی جائے گی۔ عدالت جناب ڈسٹرکٹ جج صاحب ایبٹ آباد
جنگ نمبر
14
عدالت جناب ڈسٹرکٹ جج صاحب ایبٹ آباد میں مقدمہ زیر سماعت ہے ہر گاہ کہ مدعا علیہ کو بذریعہ اشتہار ہذا مطلع کیا جاتا ہے کہ وہ مورخہ مقررہ کو عدالت میں حاضر ہو کر پیروی کرے ورنہ کارروائی یکطرفہ عمل میں لائی جائے گی۔ عدالت جناب ڈسٹرکٹ جج صاحب ایبٹ آباد میں مقدمہ زیر سماعت ہے ہر گاہ کہ مدعا علیہ کو بذریعہ اشتہار ہذا مطلع کیا جاتا ہے کہ وہ مورخہ مقررہ کو عدالت میں حاضر ہو کر پیروی کرے ورنہ کارروائی یکطرفہ عمل میں لائی جائے گی۔ عدالت جناب ڈسٹرکٹ جج صاحب ایبٹ آباد میں مقدمہ زیر سماعت ہے ہر گاہ کہ مدعا علیہ کو بذریعہ اشتہار ہذا مطلع کیا جاتا ہے کہ وہ مورخہ مقررہ کو عدالت میں حاضر ہو کر پیروی کرے ورنہ کارروائی یکطرفہ عمل میں لائی جائے گی۔ عدالت جناب ڈسٹرکٹ جج صاحب ایبٹ آباد
جنگ نمبر
15
عدالت جناب ڈسٹرکٹ جج صاحب ایبٹ آباد میں مقدمہ زیر سماعت ہے ہر گاہ کہ مدعا علیہ کو بذریعہ اشتہار ہذا مطلع کیا جاتا ہے کہ وہ مورخہ مقررہ کو عدالت میں حاضر ہو کر پیروی کرے ورنہ کارروائی یکطرفہ عمل میں لائی جائے گی۔ عدالت جناب ڈسٹرکٹ جج صاحب ایبٹ آباد میں مقدمہ زیر سماعت ہے ہر گاہ کہ مدعا علیہ کو بذریعہ اشتہار ہذا مطلع کیا جاتا ہے کہ وہ مورخہ مقررہ کو عدالت میں حاضر ہو کر پیروی کرے ورنہ کارروائی یکطرفہ عمل میں لائی جائے گی۔ عدالت جناب ڈسٹرکٹ جج صاحب ایبٹ آباد میں مقدمہ زیر سماعت ہے ہر گاہ کہ مدعا علیہ کو بذریعہ اشتہار ہذا مطلع کیا جاتا ہے کہ وہ مورخہ مقررہ کو عدالت میں حاضر ہو کر پیروی کرے ورنہ کارروائی یکطرفہ عمل میں لائی جائے گی۔ عدالت جناب ڈسٹرکٹ جج صاحب ایبٹ آباد میں مقدمہ زیر سماعت ہے ہر گاہ کہ مدعا علیہ کو بذریعہ اشتہار ہذا مطلع کیا جاتا ہے کہ وہ مورخہ مقررہ کو عدالت میں حاضر ہو کر پیروی کرے ورنہ کارروائی یکطرفہ
جنگ نمبر
16
عدالت جناب ڈسٹرکٹ جج صاحب ایبٹ آباد میں مقدمہ زیر سماعت ہے ہر گاہ کہ مدعا علیہ کو بذریعہ اشتہار ہذا مطلع کیا جاتا ہے کہ وہ مورخہ مقررہ کو عدالت میں حاضر ہو کر پیروی کرے ورنہ کارروائی یکطرفہ عمل میں لائی جائے گی۔ عدالت جناب ڈسٹرکٹ جج صاحب ایبٹ آباد میں مقدمہ زیر سماعت ہے ہر گاہ کہ مدعا علیہ کو بذریعہ اشتہار ہذا مطلع کیا جاتا ہے کہ وہ مورخہ مقررہ کو عدالت میں حاضر ہو کر پیروی کرے ورنہ کارروائی یکطرفہ عمل میں لائی جائے گی۔ عدالت جناب ڈسٹرکٹ جج صاحب ایبٹ آباد میں مقدمہ زیر سماعت ہے ہر گاہ کہ مدعا علیہ کو بذریعہ اشتہار ہذا مطلع کیا جاتا ہے کہ وہ مورخہ مقررہ کو عدالت میں حاضر ہو کر پیروی کرے ورنہ
جنگ نمبر
17
عدالت جناب ڈسٹرکٹ جج صاحب ایبٹ آباد میں مقدمہ زیر سماعت ہے ہر گاہ کہ مدعا علیہ کو بذریعہ اشتہار ہذا مطلع کیا جاتا ہے کہ وہ مورخہ مقررہ کو عدالت میں حاضر ہو کر پیروی کرے ورنہ کارروائی یکطرفہ
عدالت جناب ڈسٹرکٹ جج صاحب ایبٹ آباد میں مقدمہ زیر سماعت ہے ہر گاہ کہ مدعا علیہ کو بذریعہ اشتہار ہذا مطلع کیا جاتا ہے کہ وہ مورخہ مقررہ کو عدالت میں حاضر ہو کر پیروی کرے ورنہ کارروائی یکطرفہ عمل میں لائی جائے گی۔ عدالت جناب ڈسٹرکٹ جج صاحب ایبٹ آباد میں مقدمہ زیر سماعت ہے ہر گاہ کہ مدعا علیہ کو بذریعہ اشتہار ہذا مطلع کیا جاتا ہے کہ وہ مورخہ مقررہ کو عدالت میں حاضر ہو کر پیروی کرے ورنہ کارروائی یکطرفہ عمل میں لائی جائے گی۔ عدالت جناب ڈسٹرکٹ جج صاحب ایبٹ آباد میں مقدمہ زیر سماعت ہے ہر گاہ کہ مدعا علیہ کو بذریعہ اشتہار ہذا مطلع کیا جاتا ہے کہ وہ مورخہ مقررہ کو عدالت میں حاضر ہو کر پیروی کرے ورنہ کارروائی یکطرفہ عمل میں لائی جائے گی۔ عدالت جناب ڈسٹرکٹ جج صاحب ایبٹ آباد میں مقدمہ زیر سماعت ہے ہر گاہ کہ مدعا علیہ کو بذریعہ اشتہار ہذا مطلع کیا جاتا ہے کہ وہ مورخہ مقررہ کو عدالت میں حاضر ہو کر پیروی کرے ورنہ کارروائی یکطرفہ
جنگ نمبر
7
عدالت جناب ڈسٹرکٹ جج صاحب ایبٹ آباد میں مقدمہ زیر سماعت ہے ہر گاہ کہ مدعا علیہ کو بذریعہ اشتہار ہذا مطلع کیا جاتا ہے کہ وہ مورخہ مقررہ کو عدالت میں حاضر ہو کر پیروی کرے ورنہ کارروائی یکطرفہ عمل میں لائی جائے گی۔ عدالت جناب ڈسٹرکٹ جج صاحب ایبٹ آباد میں مقدمہ زیر سماعت ہے ہر گاہ کہ مدعا علیہ کو بذریعہ اشتہار ہذا مطلع کیا جاتا ہے کہ وہ مورخہ مقررہ کو عدالت میں حاضر ہو کر پیروی کرے ورنہ کارروائی یکطرفہ عمل میں لائی جائے گی۔ عدالت جناب ڈسٹرکٹ جج صاحب ایبٹ آباد میں مقدمہ زیر سماعت ہے ہر گاہ کہ مدعا علیہ کو بذریعہ اشتہار ہذا مطلع کیا جاتا ہے کہ وہ مورخہ مقررہ کو عدالت میں حاضر ہو کر پیروی کرے ورنہ کارروائی یکطرفہ عمل میں لائی جائے گی۔ عدالت جناب ڈسٹرکٹ جج صاحب ایبٹ آباد میں مقدمہ زیر سماعت ہے ہر گاہ کہ مدعا علیہ کو بذریعہ اشتہار ہذا مطلع کیا جاتا ہے کہ وہ مورخہ مقررہ کو عدالت میں حاضر ہو کر پیروی کرے ورنہ کارروائی یکطرفہ
جنگ نمبر
8
عدالت جناب ڈسٹرکٹ جج صاحب ایبٹ آباد میں مقدمہ زیر سماعت ہے ہر گاہ کہ مدعا علیہ کو بذریعہ اشتہار ہذا مطلع کیا جاتا ہے کہ وہ مورخہ مقررہ کو عدالت میں حاضر ہو کر پیروی کرے ورنہ کارروائی یکطرفہ عمل میں لائی جائے گی۔ عدالت جناب ڈسٹرکٹ جج صاحب ایبٹ آباد میں مقدمہ زیر سماعت ہے ہر گاہ کہ مدعا علیہ کو بذریعہ اشتہار ہذا مطلع کیا جاتا ہے کہ وہ مورخہ مقررہ کو عدالت میں حاضر ہو کر پیروی کرے ورنہ کارروائی یکطرفہ عمل میں لائی جائے گی۔ عدالت جناب ڈسٹرکٹ جج صاحب ایبٹ آباد میں مقدمہ زیر سماعت ہے ہر گاہ کہ مدعا علیہ کو بذریعہ اشتہار ہذا مطلع کیا جاتا ہے کہ وہ مورخہ مقررہ کو عدالت میں حاضر ہو کر پیروی کرے ورنہ کارروائی یکطرفہ عمل میں لائی جائے گی۔ عدالت جناب ڈسٹرکٹ جج صاحب ایبٹ آباد میں مقدمہ زیر سماعت ہے ہر گاہ کہ مدعا علیہ کو بذریعہ اشتہار ہذا مطلع کیا جاتا ہے کہ وہ مورخہ مقررہ کو عدالت میں حاضر ہو کر پیروی کرے ورنہ کارروائی یکطرفہ عمل میں لائی جائے گی۔ عدالت جناب ڈسٹرکٹ جج صاحب ایبٹ آباد میں مقدمہ زیر سماعت ہے ہر گاہ کہ مدعا علیہ کو بذریعہ اشتہار ہذا مطلع کیا جاتا ہے کہ وہ مورخہ مقررہ کو عدالت میں حاضر ہو کر پیروی کرے ورنہ کارروائی یکطرفہ عمل میں لائی جائے گی۔ عدالت جناب ڈسٹرکٹ جج صاحب ایبٹ آباد میں مقدمہ زیر سماعت ہے ہر گاہ کہ مدعا علیہ کو بذریعہ اشتہار ہذا مطلع کیا جاتا ہے کہ وہ مورخہ مقررہ کو عدالت میں حاضر ہو کر پیروی کرے ورنہ کارروائی یکطرفہ عمل میں لائی جائے گی۔ عدالت جناب ڈسٹرکٹ جج صاحب ایبٹ آباد میں مقدمہ زیر سماعت ہے ہر گاہ کہ مدعا علیہ کو بذریعہ اشتہار ہذا مطلع کیا جاتا ہے کہ وہ مورخہ مقررہ کو عدالت میں حاضر ہو کر پیروی کرے ورنہ کارروائی یکطرفہ عمل میں لائی جائے گی۔ عدالت جناب ڈسٹرکٹ جج صاحب ایبٹ آباد میں مقدمہ زیر سماعت ہے ہر گاہ کہ مدعا علیہ کو بذریعہ اشتہار ہذا مطلع کیا جاتا ہے کہ وہ مورخہ مقررہ کو عدالت میں حاضر ہو کر پیروی کرے ورنہ کارروائی یکطرفہ عمل میں لائی جائے گی۔ عدالت جناب ڈسٹرکٹ جج صاحب ایبٹ آباد میں مقدمہ زیر سماعت ہے ہر گاہ کہ مدعا علیہ کو بذریعہ اشتہار ہذا مطلع کیا جاتا ہے کہ وہ مورخہ مقررہ کو عدالت میں حاضر ہو کر پیروی کرے ورنہ کارروائی یکطرفہ عمل میں لائی جائے گی۔ عدالت جناب ڈسٹرکٹ جج صاحب ایبٹ آباد میں مقدمہ زیر سماعت ہے ہر گاہ کہ مدعا علیہ کو بذریعہ اشتہار ہذا مطلع کیا جاتا ہے
جنگ نمبر
9
عدالت جناب ڈسٹرکٹ جج صاحب ایبٹ آباد میں مقدمہ زیر سماعت ہے ہر گاہ کہ مدعا علیہ کو بذریعہ اشتہار ہذا مطلع کیا جاتا ہے کہ وہ مورخہ مقررہ کو عدالت میں حاضر ہو کر پیروی کرے ورنہ کارروائی یکطرفہ
جنگ نمبر
10
عدالت جناب ڈسٹرکٹ جج صاحب ایبٹ آباد میں مقدمہ زیر سماعت ہے ہر گاہ کہ مدعا علیہ کو بذریعہ اشتہار ہذا مطلع کیا جاتا ہے کہ وہ مورخہ مقررہ کو عدالت میں حاضر ہو کر پیروی کرے ورنہ کارروائی یکطرفہ عمل میں لائی جائے گی۔ عدالت جناب
بعدالت جناب ڈسٹرکٹ جج / سول جج
ایبٹ آباد
مقدمہ نمبر
11/10/2024
عدالت جناب ڈسٹرکٹ جج صاحب ایبٹ آباد میں مقدمہ زیر سماعت ہے ہر گاہ کہ مدعا علیہ کو بذریعہ اشتہار ہذا مطلع کیا جاتا ہے کہ وہ مورخہ مقررہ کو عدالت میں حاضر ہو کر پیروی کرے ورنہ کارروائی یکطرفہ عمل میں لائی جائے گی۔ عدالت جناب ڈسٹرکٹ جج صاحب ایبٹ آباد میں مقدمہ زیر سماعت ہے ہر گاہ کہ مدعا علیہ کو بذریعہ اشتہار ہذا مطلع کیا جاتا ہے کہ وہ مورخہ مقررہ کو عدالت میں حاضر ہو کر پیروی کرے ورنہ کارروائی یکطرفہ عمل میں لائی جائے گی۔ عدالت جناب ڈسٹرکٹ جج صاحب ایبٹ آباد میں مقدمہ زیر سماعت ہے ہر گاہ کہ مدعا علیہ کو بذریعہ اشتہار ہذا مطلع کیا جاتا ہے کہ وہ مورخہ مقررہ کو عدالت میں حاضر ہو کر پیروی کرے ورنہ کارروائی یکطرفہ عمل میں لائی جائے گی۔ عدالت جناب ڈسٹرکٹ جج صاحب ایبٹ آباد میں مقدمہ زیر سماعت ہے ہر گاہ کہ مدعا علیہ کو بذریعہ اشتہار ہذا مطلع کیا جاتا ہے
بعدالت جناب سینئر سول جج
ایبٹ آباد
10-2024
عدالت جناب ڈسٹرکٹ جج صاحب ایبٹ آباد میں مقدمہ زیر سماعت ہے ہر گاہ کہ مدعا علیہ کو بذریعہ اشتہار ہذا مطلع کیا جاتا ہے کہ وہ مورخہ مقررہ کو عدالت میں حاضر ہو کر پیروی کرے ورنہ کارروائی یکطرفہ عمل میں لائی جائے گی۔ عدالت جناب ڈسٹرکٹ جج صاحب ایبٹ آباد میں مقدمہ زیر سماعت ہے ہر گاہ کہ مدعا علیہ کو بذریعہ اشتہار ہذا مطلع کیا جاتا ہے کہ وہ مورخہ مقررہ کو عدالت میں حاضر ہو کر
عدالت جناب ڈسٹرکٹ جج صاحب ایبٹ آباد میں مقدمہ زیر سماعت ہے ہر گاہ کہ مدعا علیہ کو بذریعہ اشتہار ہذا مطلع کیا جاتا ہے کہ وہ مورخہ مقررہ کو عدالت میں حاضر
جنگ نمبر
4
عدالت جناب ڈسٹرکٹ جج صاحب ایبٹ آباد میں مقدمہ زیر سماعت ہے ہر گاہ کہ مدعا علیہ کو بذریعہ اشتہار ہذا مطلع کیا جاتا ہے کہ وہ مورخہ مقررہ کو عدالت میں حاضر ہو کر پیروی کرے ورنہ کارروائی یکطرفہ عمل میں لائی جائے گی۔ عدالت جناب ڈسٹرکٹ جج صاحب ایبٹ آباد میں مقدمہ زیر سماعت ہے ہر گاہ کہ مدعا علیہ کو بذریعہ اشتہار ہذا مطلع کیا جاتا ہے کہ وہ مورخہ مقررہ کو عدالت میں حاضر ہو کر پیروی کرے ورنہ کارروائی یکطرفہ عمل میں لائی جائے گی۔ عدالت جناب ڈسٹرکٹ جج صاحب ایبٹ آباد میں مقدمہ زیر سماعت ہے ہر گاہ کہ مدعا علیہ کو بذریعہ اشتہار ہذا مطلع کیا جاتا ہے کہ وہ مورخہ مقررہ کو عدالت میں حاضر ہو کر پیروی کرے ورنہ کارروائی یکطرفہ عمل میں لائی جائے گی۔ عدالت جناب ڈسٹرکٹ جج صاحب ایبٹ آباد میں مقدمہ زیر سماعت ہے ہر گاہ کہ مدعا علیہ کو بذریعہ اشتہار ہذا مطلع کیا جاتا ہے کہ وہ مورخہ مقررہ کو عدالت میں حاضر ہو کر پیروی کرے ورنہ کارروائی یکطرفہ عمل میں لائی جائے گی۔ عدالت جناب ڈسٹرکٹ جج صاحب ایبٹ آباد میں مقدمہ
جنگ نمبر
5
عدالت جناب ڈسٹرکٹ جج صاحب ایبٹ آباد میں مقدمہ زیر سماعت ہے ہر گاہ کہ مدعا علیہ کو بذریعہ اشتہار ہذا مطلع کیا جاتا ہے کہ وہ مورخہ مقررہ کو عدالت میں حاضر ہو کر پیروی کرے ورنہ کارروائی یکطرفہ عمل میں لائی جائے گی۔ عدالت جناب ڈسٹرکٹ جج صاحب ایبٹ آباد میں مقدمہ زیر سماعت ہے ہر گاہ کہ مدعا علیہ کو بذریعہ اشتہار ہذا مطلع کیا جاتا ہے کہ وہ مورخہ مقررہ کو عدالت میں حاضر ہو کر پیروی کرے ورنہ کارروائی یکطرفہ عمل میں لائی جائے گی۔ عدالت جناب ڈسٹرکٹ جج صاحب ایبٹ آباد میں مقدمہ زیر سماعت ہے ہر گاہ کہ مدعا علیہ کو بذریعہ اشتہار ہذا مطلع کیا جاتا ہے کہ وہ مورخہ مقررہ کو عدالت میں حاضر ہو کر پیروی کرے ورنہ کارروائی یکطرفہ عمل میں لائی جائے گی۔ عدالت جناب ڈسٹرکٹ جج صاحب ایبٹ آباد میں مقدمہ زیر سماعت ہے ہر گاہ کہ مدعا علیہ کو بذریعہ اشتہار ہذا مطلع کیا جاتا ہے کہ وہ مورخہ مقررہ کو عدالت میں حاضر ہو کر پیروی کرے ورنہ کارروائی یکطرفہ عمل میں لائی جائے گی۔ عدالت جناب ڈسٹرکٹ جج صاحب ایبٹ آباد میں مقدمہ زیر سماعت ہے ہر گاہ کہ مدعا علیہ کو بذریعہ اشتہار ہذا مطلع کیا جاتا ہے کہ وہ مورخہ مقررہ کو عدالت میں حاضر ہو کر پیروی کرے ورنہ کارروائی یکطرفہ عمل میں لائی جائے گی۔ عدالت جناب ڈسٹرکٹ جج صاحب ایبٹ آباد میں مقدمہ زیر سماعت ہے ہر گاہ کہ مدعا علیہ کو بذریعہ اشتہار ہذا مطلع کیا جاتا ہے کہ وہ مورخہ مقررہ کو عدالت میں حاضر ہو کر پیروی کرے ورنہ کارروائی یکطرفہ عمل میں لائی جائے گی۔ عدالت جناب ڈسٹرکٹ جج صاحب ایبٹ آباد میں مقدمہ زیر سماعت ہے ہر گاہ کہ مدعا علیہ کو بذریعہ اشتہار ہذا مطلع کیا جاتا ہے کہ وہ مورخہ مقررہ کو عدالت میں حاضر ہو کر پیروی کرے ورنہ کارروائی یکطرفہ عمل میں لائی جائے گی۔ عدالت جناب ڈسٹرکٹ جج صاحب ایبٹ آباد میں مقدمہ زیر سماعت ہے ہر گاہ کہ مدعا علیہ کو بذریعہ اشتہار ہذا مطلع کیا جاتا ہے کہ وہ مورخہ مقررہ کو عدالت میں حاضر ہو کر
جنگ نمبر
6
عدالت جناب ڈسٹرکٹ جج صاحب ایبٹ آباد میں مقدمہ زیر سماعت ہے ہر گاہ کہ مدعا علیہ کو بذریعہ اشتہار ہذا مطلع کیا جاتا ہے کہ وہ مورخہ مقررہ کو عدالت میں حاضر ہو کر پیروی کرے ورنہ کارروائی یکطرفہ عمل میں لائی جائے گی۔ عدالت جناب ڈسٹرکٹ جج صاحب ایبٹ آباد میں مقدمہ زیر سماعت ہے ہر گاہ کہ مدعا علیہ کو بذریعہ اشتہار ہذا مطلع کیا جاتا ہے کہ وہ مورخہ مقررہ کو عدالت میں حاضر ہو کر پیروی کرے ورنہ کارروائی یکطرفہ عمل میں لائی جائے گی۔ عدالت جناب ڈسٹرکٹ جج صاحب ایبٹ آباد میں مقدمہ زیر سماعت ہے ہر گاہ کہ مدعا علیہ کو بذریعہ اشتہار ہذا مطلع کیا جاتا ہے کہ وہ مورخہ مقررہ کو عدالت میں حاضر ہو کر پیروی کرے ورنہ
بعدالت جناب سول جج
ایبٹ آباد
نمبر مقدمہ 1456/1
11-10-2024
23-11-2024
عدالت جناب ڈسٹرکٹ جج صاحب ایبٹ آباد میں مقدمہ زیر سماعت ہے ہر گاہ کہ مدعا علیہ کو بذریعہ اشتہار ہذا مطلع کیا جاتا ہے کہ وہ مورخہ مقررہ کو عدالت میں حاضر ہو کر پیروی کرے ورنہ کارروائی یکطرفہ عمل میں لائی جائے گی۔ عدالت جناب ڈسٹرکٹ جج صاحب ایبٹ آباد میں مقدمہ زیر سماعت ہے ہر گاہ کہ مدعا علیہ کو بذریعہ اشتہار ہذا مطلع کیا جاتا ہے کہ وہ مورخہ مقررہ کو عدالت میں حاضر ہو کر پیروی کرے ورنہ کارروائی یکطرفہ عمل میں لائی جائے گی۔ عدالت جناب ڈسٹرکٹ جج صاحب ایبٹ آباد میں مقدمہ زیر سماعت ہے ہر گاہ کہ مدعا علیہ کو بذریعہ اشتہار ہذا مطلع کیا جاتا ہے کہ وہ مورخہ مقررہ کو عدالت میں حاضر ہو کر پیروی کرے ورنہ
عدالت جناب ڈسٹرکٹ جج صاحب ایبٹ آباد میں مقدمہ زیر سماعت ہے ہر گاہ کہ مدعا علیہ کو بذریعہ اشتہار ہذا مطلع کیا جاتا ہے کہ وہ مورخہ مقررہ کو عدالت میں حاضر ہو کر پیروی کرے ورنہ کارروائی یکطرفہ عمل میں لائی جائے گی۔ عدالت جناب ڈسٹرکٹ جج صاحب ایبٹ آباد میں مقدمہ زیر سماعت ہے ہر گاہ کہ مدعا علیہ کو بذریعہ اشتہار ہذا مطلع کیا جاتا ہے کہ وہ مورخہ مقررہ کو عدالت میں حاضر ہو کر پیروی کرے ورنہ کارروائی یکطرفہ عمل میں لائی جائے گی۔ عدالت جناب ڈسٹرکٹ جج صاحب ایبٹ آباد میں مقدمہ زیر سماعت ہے ہر گاہ کہ مدعا علیہ کو بذریعہ اشتہار ہذا مطلع کیا جاتا ہے کہ وہ مورخہ مقررہ کو عدالت میں حاضر ہو کر پیروی کرے ورنہ کارروائی یکطرفہ عمل میں لائی جائے گی۔ عدالت جناب ڈسٹرکٹ جج صاحب ایبٹ آباد میں مقدمہ زیر سماعت ہے ہر گاہ کہ مدعا علیہ کو بذریعہ اشتہار ہذا مطلع کیا جاتا ہے کہ وہ مورخہ مقررہ کو عدالت میں حاضر ہو کر پیروی کرے ورنہ کارروائی یکطرفہ عمل میں لائی جائے گی۔ عدالت جناب ڈسٹرکٹ جج صاحب ایبٹ آباد میں مقدمہ زیر سماعت ہے ہر گاہ کہ مدعا علیہ کو بذریعہ اشتہار ہذا مطلع کیا جاتا ہے کہ وہ مورخہ مقررہ کو عدالت میں حاضر ہو کر پیروی کرے ورنہ کارروائی یکطرفہ عمل میں لائی جائے گی۔ عدالت جناب ڈسٹرکٹ جج صاحب ایبٹ آباد میں مقدمہ زیر سماعت ہے ہر گاہ کہ مدعا علیہ کو بذریعہ اشتہار ہذا مطلع کیا جاتا ہے کہ وہ مورخہ مقررہ کو عدالت میں حاضر ہو کر پیروی کرے ورنہ کارروائی یکطرفہ عمل میں لائی جائے گی۔ عدالت جناب ڈسٹرکٹ جج صاحب ایبٹ آباد میں مقدمہ زیر سماعت ہے ہر گاہ کہ مدعا علیہ کو بذریعہ اشتہار ہذا مطلع کیا جاتا ہے کہ وہ مورخہ مقررہ کو عدالت میں حاضر ہو کر پیروی کرے ورنہ کارروائی یکطرفہ عمل میں لائی جائے گی۔ عدالت جناب ڈسٹرکٹ جج صاحب ایبٹ آباد میں مقدمہ زیر سماعت ہے ہر گاہ کہ مدعا علیہ کو بذریعہ اشتہار ہذا مطلع کیا جاتا ہے کہ وہ مورخہ مقررہ کو عدالت میں حاضر ہو کر پیروی کرے ورنہ کارروائی یکطرفہ عمل میں لائی جائے گی۔ عدالت جناب ڈسٹرکٹ جج صاحب ایبٹ آباد میں مقدمہ زیر سماعت ہے ہر گاہ کہ مدعا علیہ کو بذریعہ اشتہار ہذا مطلع کیا جاتا ہے کہ وہ مورخہ مقررہ کو عدالت میں حاضر ہو کر پیروی کرے ورنہ
جنگ نمبر
1
عدالت جناب ڈسٹرکٹ جج صاحب ایبٹ آباد میں مقدمہ زیر سماعت ہے ہر گاہ کہ مدعا علیہ کو بذریعہ اشتہار ہذا مطلع کیا جاتا ہے کہ وہ مورخہ مقررہ کو عدالت میں حاضر ہو کر پیروی کرے ورنہ کارروائی یکطرفہ عمل میں لائی جائے گی۔ عدالت جناب ڈسٹرکٹ جج صاحب ایبٹ آباد میں مقدمہ زیر سماعت ہے ہر گاہ کہ مدعا علیہ کو بذریعہ اشتہار ہذا مطلع کیا جاتا ہے کہ وہ مورخہ مقررہ کو عدالت میں حاضر ہو کر پیروی کرے ورنہ کارروائی یکطرفہ عمل میں لائی جائے گی۔ عدالت جناب ڈسٹرکٹ جج صاحب ایبٹ آباد میں مقدمہ زیر سماعت ہے ہر گاہ کہ مدعا علیہ کو بذریعہ اشتہار ہذا مطلع کیا جاتا ہے کہ وہ مورخہ مقررہ کو عدالت میں حاضر ہو کر پیروی کرے ورنہ کارروائی یکطرفہ عمل میں لائی جائے گی۔ عدالت جناب ڈسٹرکٹ جج صاحب ایبٹ آباد میں مقدمہ زیر سماعت ہے ہر گاہ کہ مدعا علیہ کو بذریعہ اشتہار ہذا مطلع کیا جاتا ہے کہ وہ مورخہ مقررہ کو عدالت میں حاضر ہو کر پیروی کرے ورنہ کارروائی یکطرفہ عمل میں لائی جائے گی۔ عدالت جناب ڈسٹرکٹ جج صاحب ایبٹ آباد میں مقدمہ زیر سماعت ہے ہر گاہ کہ مدعا علیہ کو بذریعہ اشتہار ہذا مطلع کیا جاتا ہے کہ وہ مورخہ مقررہ کو عدالت میں حاضر ہو کر پیروی کرے ورنہ کارروائی یکطرفہ عمل میں لائی جائے گی۔ عدالت جناب ڈسٹرکٹ جج صاحب ایبٹ آباد میں مقدمہ زیر سماعت ہے ہر گاہ کہ مدعا علیہ کو بذریعہ اشتہار ہذا مطلع کیا جاتا ہے کہ وہ مورخہ مقررہ کو عدالت میں حاضر ہو کر پیروی کرے ورنہ کارروائی یکطرفہ عمل میں لائی جائے گی۔ عدالت جناب ڈسٹرکٹ جج صاحب ایبٹ آباد میں مقدمہ زیر سماعت ہے ہر گاہ کہ مدعا علیہ کو بذریعہ اشتہار ہذا مطلع کیا جاتا ہے کہ وہ مورخہ مقررہ کو عدالت میں حاضر ہو کر پیروی کرے ورنہ کارروائی یکطرفہ عمل میں لائی جائے گی۔ عدالت جناب ڈسٹرکٹ جج صاحب ایبٹ آباد میں مقدمہ زیر سماعت ہے ہر گاہ کہ مدعا علیہ کو بذریعہ اشتہار ہذا مطلع کیا جاتا ہے کہ وہ مورخہ مقررہ کو عدالت میں حاضر ہو کر پیروی کرے ورنہ کارروائی یکطرفہ عمل میں لائی جائے گی۔ عدالت جناب ڈسٹرکٹ جج صاحب ایبٹ آباد میں مقدمہ زیر سماعت ہے ہر گاہ کہ مدعا علیہ کو بذریعہ اشتہار ہذا مطلع کیا جاتا ہے کہ وہ مورخہ مقررہ کو عدالت میں حاضر ہو کر پیروی کرے ورنہ کارروائی یکطرفہ عمل میں لائی جائے گی۔
جنگ نمبر
2
عدالت جناب ڈسٹرکٹ جج صاحب ایبٹ آباد میں مقدمہ زیر سماعت ہے ہر گاہ کہ مدعا علیہ کو بذریعہ اشتہار ہذا مطلع کیا جاتا ہے کہ وہ مورخہ مقررہ کو عدالت میں حاضر ہو کر پیروی کرے ورنہ کارروائی یکطرفہ عمل میں لائی جائے گی۔ عدالت جناب ڈسٹرکٹ جج صاحب ایبٹ آباد میں مقدمہ زیر سماعت ہے ہر گاہ کہ مدعا علیہ کو بذریعہ اشتہار ہذا مطلع کیا جاتا ہے کہ وہ مورخہ مقررہ کو عدالت میں حاضر ہو کر پیروی کرے ورنہ کارروائی یکطرفہ عمل میں لائی جائے گی۔ عدالت جناب ڈسٹرکٹ جج صاحب ایبٹ آباد میں مقدمہ زیر سماعت ہے ہر گاہ کہ مدعا علیہ کو بذریعہ اشتہار ہذا مطلع کیا جاتا ہے کہ وہ مورخہ مقررہ کو عدالت میں حاضر ہو کر پیروی کرے ورنہ کارروائی یکطرفہ عمل میں لائی جائے گی۔ عدالت جناب ڈسٹرکٹ جج صاحب ایبٹ آباد میں مقدمہ زیر سماعت ہے ہر گاہ کہ مدعا علیہ کو بذریعہ اشتہار ہذا مطلع کیا جاتا ہے کہ وہ مورخہ مقررہ کو عدالت میں حاضر ہو کر پیروی کرے ورنہ کارروائی یکطرفہ عمل میں لائی جائے گی۔ عدالت جناب ڈسٹرکٹ جج صاحب ایبٹ آباد میں مقدمہ زیر سماعت ہے ہر گاہ کہ مدعا علیہ کو بذریعہ اشتہار ہذا مطلع کیا جاتا ہے کہ وہ مورخہ مقررہ کو عدالت میں حاضر ہو کر پیروی کرے ورنہ کارروائی یکطرفہ عمل میں لائی جائے گی۔ عدالت جناب ڈسٹرکٹ جج صاحب ایبٹ آباد میں مقدمہ زیر سماعت ہے ہر گاہ کہ مدعا علیہ کو بذریعہ اشتہار ہذا مطلع کیا جاتا ہے کہ وہ مورخہ مقررہ کو عدالت میں حاضر ہو کر پیروی کرے ورنہ کارروائی یکطرفہ عمل میں لائی جائے گی۔ عدالت جناب ڈسٹرکٹ جج صاحب ایبٹ آباد میں مقدمہ زیر سماعت ہے ہر گاہ کہ مدعا علیہ کو بذریعہ اشتہار ہذا مطلع کیا جاتا ہے کہ وہ مورخہ مقررہ کو عدالت میں حاضر ہو کر پیروی کرے ورنہ کارروائی یکطرفہ عمل میں لائی جائے گی۔ عدالت جناب ڈسٹرکٹ جج صاحب ایبٹ آباد میں مقدمہ زیر سماعت ہے ہر گاہ کہ مدعا علیہ کو بذریعہ اشتہار ہذا مطلع کیا جاتا ہے کہ وہ مورخہ مقررہ کو عدالت میں حاضر ہو کر پیروی کرے ورنہ کارروائی یکطرفہ عمل میں لائی جائے گی۔ عدالت جناب ڈسٹرکٹ جج صاحب ایبٹ آباد میں مقدمہ زیر سماعت ہے ہر گاہ کہ مدعا علیہ کو بذریعہ اشتہار ہذا مطلع کیا جاتا ہے کہ وہ مورخہ مقررہ کو عدالت میں حاضر ہو کر پیروی کرے ورنہ کارروائی یکطرفہ عمل میں لائی جائے گی۔ عدالت جناب ڈسٹرکٹ جج صاحب ایبٹ آباد میں مقدمہ زیر سماعت ہے ہر گاہ کہ مدعا علیہ کو بذریعہ اشتہار ہذا مطلع کیا جاتا ہے کہ وہ مورخہ مقررہ کو عدالت میں حاضر ہو کر پیروی کرے ورنہ کارروائی یکطرفہ عمل میں لائی جائے گی۔ عدالت جناب ڈسٹرکٹ جج صاحب ایبٹ آباد میں مقدمہ زیر سماعت ہے ہر گاہ کہ مدعا علیہ کو بذریعہ اشتہار ہذا مطلع کیا جاتا ہے کہ وہ مورخہ مقررہ کو عدالت میں حاضر ہو کر پیروی کرے ورنہ کارروائی یکطرفہ عمل میں لائی جائے گی۔ عدالت جناب ڈسٹرکٹ جج صاحب ایبٹ آباد میں مقدمہ زیر سماعت ہے ہر گاہ کہ مدعا علیہ کو بذریعہ اشتہار ہذا مطلع کیا جاتا ہے کہ وہ مورخہ مقررہ کو عدالت میں حاضر ہو کر پیروی کرے ورنہ کارروائی یکطرفہ عمل میں لائی جائے گی۔ عدالت جناب ڈسٹرکٹ جج صاحب ایبٹ آباد میں مقدمہ زیر سماعت ہے ہر گاہ کہ مدعا علیہ کو بذریعہ اشتہار ہذا مطلع کیا جاتا ہے کہ وہ مورخہ مقررہ کو عدالت میں حاضر ہو کر پیروی کرے ورنہ کارروائی یکطرفہ عمل میں لائی جائے گی۔ عدالت جناب ڈسٹرکٹ جج صاحب ایبٹ آباد میں مقدمہ زیر سماعت ہے ہر گاہ کہ مدعا علیہ کو بذریعہ اشتہار ہذا مطلع کیا جاتا ہے کہ وہ مورخہ مقررہ کو عدالت میں حاضر ہو کر پیروی کرے ورنہ کارروائی یکطرفہ عمل میں لائی جائے گی۔ عدالت جناب ڈسٹرکٹ جج صاحب ایبٹ آباد میں مقدمہ زیر سماعت ہے ہر گاہ کہ مدعا علیہ کو بذریعہ اشتہار ہذا مطلع کیا جاتا ہے کہ وہ مورخہ مقررہ کو عدالت میں حاضر ہو کر پیروی کرے ورنہ کارروائی یکطرفہ عمل میں لائی جائے گی۔ عدالت جناب ڈسٹرکٹ جج صاحب ایبٹ آباد میں مقدمہ زیر سماعت ہے ہر گاہ کہ مدعا علیہ کو بذریعہ اشتہار ہذا مطلع کیا جاتا ہے کہ وہ مورخہ مقررہ کو عدالت میں حاضر ہو کر پیروی کرے ورنہ کارروائی یکطرفہ عمل میں لائی جائے گی۔ عدالت جناب ڈسٹرکٹ جج صاحب ایبٹ آباد میں مقدمہ زیر سماعت ہے ہر گاہ کہ مدعا علیہ کو بذریعہ اشتہار ہذا مطلع کیا جاتا ہے کہ وہ مورخہ مقررہ کو عدالت میں حاضر ہو کر پیروی کرے ورنہ کارروائی یکطرفہ عمل میں لائی جائے گی۔ عدالت جناب ڈسٹرکٹ جج صاحب ایبٹ آباد میں مقدمہ زیر سماعت ہے ہر گاہ کہ مدعا علیہ کو بذریعہ اشتہار ہذا مطلع کیا جاتا ہے کہ وہ مورخہ مقررہ کو عدالت میں حاضر ہو کر پیروی کرے ورنہ کارروائی یکطرفہ عمل میں لائی جائے گی۔ عدالت جناب ڈسٹرکٹ جج صاحب ایبٹ آباد میں مقدمہ زیر سماعت ہے ہر گاہ کہ مدعا علیہ کو بذریعہ اشتہار ہذا مطلع کیا جاتا ہے کہ وہ مورخہ مقررہ کو عدالت میں حاضر ہو کر پیروی کرے ورنہ کارروائی یکطرفہ عمل میں لائی جائے گی۔ عدالت جناب ڈسٹرکٹ جج صاحب ایبٹ آباد میں مقدمہ زیر سماعت ہے ہر گاہ کہ مدعا علیہ کو بذریعہ اشتہار ہذا مطلع کیا جاتا ہے کہ وہ مورخہ مقررہ کو عدالت میں حاضر ہو کر پیروی کرے ورنہ کارروائی یکطرفہ عمل میں لائی جائے گی۔ عدالت جناب ڈسٹرکٹ جج صاحب ایبٹ آباد میں مقدمہ زیر سماعت ہے ہر گاہ کہ مدعا علیہ کو بذریعہ اشتہار ہذا مطلع کیا جاتا ہے کہ وہ مورخہ مقررہ کو عدالت میں حاضر ہو کر پیروی کرے ورنہ کارروائی یکطرفہ عمل میں لائی جائے گی۔ عدالت جناب ڈسٹرکٹ جج صاحب ایبٹ آباد میں مقدمہ زیر سماعت ہے ہر گاہ کہ مدعا علیہ کو بذریعہ اشتہار ہذا مطلع کیا جاتا ہے کہ وہ مورخہ مقررہ کو عدالت میں حاضر ہو کر پیروی کرے ورنہ کارروائی یکطرفہ عمل میں لائی جائے گی۔ عدالت جناب ڈسٹرکٹ جج صاحب ایبٹ آباد میں مقدمہ زیر سماعت ہے ہر گاہ کہ مدعا علیہ کو بذریعہ اشتہار ہذا مطلع کیا جاتا ہے کہ وہ مورخہ مقررہ کو عدالت میں حاضر ہو کر پیروی کرے ورنہ کارروائی یکطرفہ عمل میں لائی جائے گی۔ عدالت جناب ڈسٹرکٹ جج صاحب ایبٹ آباد میں مقدمہ زیر سماعت ہے ہر گاہ کہ مدعا علیہ کو بذریعہ اشتہار ہذا مطلع کیا جاتا ہے کہ وہ مورخہ مقررہ کو عدالت میں حاضر ہو کر پیروی کرے ورنہ کارروائی یکطرفہ عمل میں لائی جائے گی۔ عدالت جناب ڈسٹرکٹ جج صاحب ایبٹ آباد میں مقدمہ زیر سماعت ہے ہر گاہ کہ مدعا علیہ کو بذریعہ اشتہار ہذا مطلع کیا جاتا ہے کہ وہ مورخہ مقررہ کو عدالت میں حاضر ہو کر پیروی کرے ورنہ کارروائی یکطرفہ عمل میں لائی جائے گی۔
جنگ نمبر
3
عدالت جناب ڈسٹرکٹ جج صاحب ایبٹ آباد میں مقدمہ زیر سماعت ہے ہر گاہ کہ مدعا علیہ کو بذریعہ اشتہار ہذا مطلع کیا جاتا ہے کہ وہ مورخہ مقررہ کو عدالت میں حاضر ہو کر پیروی کرے ورنہ کارروائی یکطرفہ عمل میں لائی جائے گی۔ عدالت جناب ڈسٹرکٹ جج صاحب ایبٹ آباد میں مقدمہ زیر سماعت ہے ہر گاہ کہ مدعا علیہ کو بذریعہ اشتہار ہذا مطلع کیا جاتا ہے کہ وہ مورخہ
بعدالت جناب سینئر سول جج
02/10/2024
11/10/2024
عدالت جناب ڈسٹرکٹ جج صاحب ایبٹ آباد میں مقدمہ زیر سماعت ہے ہر گاہ کہ مدعا علیہ کو بذریعہ اشتہار ہذا مطلع کیا جاتا ہے کہ وہ مورخہ مقررہ کو عدالت میں حاضر ہو کر پیروی کرے ورنہ کارروائی یکطرفہ عمل میں لائی جائے گی۔ عدالت جناب ڈسٹرکٹ جج صاحب ایبٹ آباد میں مقدمہ زیر سماعت ہے ہر گاہ کہ مدعا علیہ کو بذریعہ اشتہار ہذا مطلع کیا جاتا ہے کہ وہ مورخہ مقررہ کو عدالت میں حاضر ہو کر پیروی کرے ورنہ کارروائی یکطرفہ عمل میں لائی جائے گی۔ عدالت جناب ڈسٹرکٹ جج صاحب ایبٹ آباد میں مقدمہ زیر سماعت ہے ہر گاہ کہ مدعا علیہ کو بذریعہ اشتہار ہذا مطلع کیا جاتا ہے کہ وہ مورخہ مقررہ کو عدالت میں حاضر ہو کر پیروی کرے ورنہ کارروائی یکطرفہ عمل میں لائی جائے گی۔ عدالت جناب ڈسٹرکٹ جج صاحب ایبٹ آباد میں مقدمہ زیر سماعت ہے ہر گاہ کہ مدعا علیہ کو بذریعہ اشتہار ہذا مطلع کیا جاتا ہے کہ وہ مورخہ مقررہ کو عدالت میں حاضر ہو کر پیروی کرے ورنہ کارروائی یکطرفہ عمل میں لائی جائے گی۔
بعدالت جناب سینئر سول جج ہزارہ
ایبٹ آباد
عدالت جناب ڈسٹرکٹ جج صاحب ایبٹ آباد میں مقدمہ زیر سماعت ہے ہر گاہ کہ مدعا علیہ کو بذریعہ اشتہار ہذا مطلع کیا جاتا ہے کہ وہ مورخہ مقررہ کو عدالت میں حاضر ہو کر پیروی کرے ورنہ کارروائی یکطرفہ عمل میں لائی جائے گی۔ عدالت جناب ڈسٹرکٹ جج صاحب ایبٹ آباد میں مقدمہ زیر سماعت ہے ہر گاہ کہ مدعا علیہ کو بذریعہ اشتہار ہذا مطلع کیا جاتا ہے کہ وہ مورخہ مقررہ کو عدالت میں حاضر ہو کر پیروی کرے ورنہ کارروائی یکطرفہ عمل میں لائی جائے گی۔ عدالت جناب ڈسٹرکٹ جج صاحب ایبٹ آباد میں مقدمہ زیر سماعت ہے ہر گاہ کہ مدعا علیہ کو بذریعہ اشتہار ہذا مطلع کیا جاتا ہے کہ وہ مورخہ مقررہ کو عدالت میں حاضر ہو کر پیروی کرے ورنہ کارروائی یکطرفہ عمل میں لائی جائے گی۔ عدالت جناب ڈسٹرکٹ جج صاحب ایبٹ آباد میں مقدمہ زیر سماعت ہے ہر گاہ کہ مدعا علیہ کو بذریعہ اشتہار ہذا مطلع کیا جاتا ہے کہ وہ مورخہ مقررہ کو عدالت میں حاضر ہو کر پیروی کرے ورنہ کارروائی یکطرفہ عمل میں لائی جائے گی۔ عدالت جناب ڈسٹرکٹ جج صاحب ایبٹ آباد میں مقدمہ زیر سماعت ہے ہر گاہ کہ مدعا علیہ کو بذریعہ اشتہار ہذا مطلع کیا جاتا ہے کہ وہ مورخہ مقررہ کو عدالت میں حاضر ہو کر پیروی کرے ورنہ کارروائی یکطرفہ عمل میں لائی جائے گی۔ عدالت جناب ڈسٹرکٹ جج صاحب ایبٹ آباد میں مقدمہ زیر سماعت ہے ہر گاہ کہ مدعا علیہ کو بذریعہ اشتہار ہذا مطلع کیا جاتا ہے کہ وہ مورخہ مقررہ کو عدالت میں حاضر ہو کر پیروی کرے ورنہ کارروائی یکطرفہ عمل میں لائی جائے گی۔ عدالت جناب ڈسٹرکٹ جج صاحب ایبٹ آباد میں مقدمہ زیر سماعت ہے ہر گاہ کہ مدعا علیہ کو بذریعہ اشتہار ہذا مطلع کیا جاتا ہے کہ وہ مورخہ مقررہ کو عدالت میں حاضر ہو کر پیروی کرے ورنہ کارروائی یکطرفہ عمل میں لائی جائے گی۔ عدالت جناب ڈسٹرکٹ جج صاحب ایبٹ آباد میں مقدمہ زیر سماعت ہے ہر گاہ کہ مدعا علیہ کو بذریعہ اشتہار ہذا مطلع کیا جاتا ہے کہ وہ مورخہ مقررہ کو عدالت میں حاضر ہو کر پیروی کرے ورنہ کارروائی یکطرفہ عمل میں لائی جائے گی۔ عدالت جناب ڈسٹرکٹ جج صاحب ایبٹ آباد میں مقدمہ زیر سماعت ہے ہر گاہ کہ مدعا علیہ کو بذریعہ اشتہار ہذا مطلع کیا جاتا ہے کہ وہ مورخہ مقررہ کو عدالت میں حاضر ہو کر پیروی کرے ورنہ کارروائی یکطرفہ عمل میں لائی جائے گی۔ عدالت جناب ڈسٹرکٹ جج صاحب ایبٹ آباد میں مقدمہ زیر سماعت ہے ہر گاہ کہ مدعا علیہ کو بذریعہ اشتہار ہذا مطلع کیا جاتا ہے کہ وہ مورخہ مقررہ کو عدالت میں حاضر ہو کر پیروی کرے ورنہ کارروائی یکطرفہ عمل میں لائی جائے گی۔ عدالت جناب ڈسٹرکٹ جج صاحب ایبٹ آباد میں مقدمہ زیر سماعت ہے ہر گاہ کہ مدعا علیہ کو بذریعہ اشتہار ہذا مطلع کیا جاتا ہے کہ وہ مورخہ مقررہ کو عدالت میں حاضر ہو کر پیروی کرے ورنہ کارروائی یکطرفہ عمل میں لائی جائے گی۔ عدالت جناب ڈسٹرکٹ جج صاحب ایبٹ آباد میں مقدمہ زیر سماعت ہے ہر گاہ کہ مدعا علیہ کو بذریعہ اشتہار ہذا مطلع کیا جاتا ہے کہ وہ مورخہ مقررہ کو عدالت میں حاضر ہو کر پیروی کرے ورنہ کارروائی یکطرفہ عمل میں لائی جائے گی۔ عدالت جناب ڈسٹرکٹ جج صاحب ایبٹ آباد میں مقدمہ زیر سماعت ہے ہر گاہ کہ مدعا علیہ کو بذریعہ اشتہار ہذا مطلع کیا جاتا ہے کہ وہ مورخہ مقررہ کو عدالت میں حاضر ہو کر پیروی کرے ورنہ کارروائی یکطرفہ عمل میں لائی جائے گی۔ عدالت جناب ڈسٹرکٹ جج صاحب ایبٹ آباد میں مقدمہ زیر سماعت ہے ہر گاہ کہ مدعا علیہ کو بذریعہ اشتہار ہذا مطلع کیا جاتا ہے کہ وہ مورخہ مقررہ کو عدالت میں حاضر ہو کر پیروی کرے ورنہ کارروائی یکطرفہ عمل میں لائی جائے گی۔ عدالت جناب ڈسٹرکٹ جج صاحب ایبٹ آباد میں مقدمہ زیر سماعت ہے ہر گاہ کہ مدعا علیہ کو بذریعہ اشتہار ہذا مطلع کیا جاتا ہے کہ وہ مورخہ مقررہ کو عدالت میں حاضر ہو کر پیروی کرے ورنہ کارروائی یکطرفہ عمل میں لائی جائے گی۔ عدالت جناب ڈسٹرکٹ جج صاحب ایبٹ آباد میں مقدمہ زیر سماعت ہے ہر گاہ کہ مدعا علیہ کو بذریعہ اشتہار ہذا مطلع کیا جاتا ہے کہ وہ مورخہ مقررہ کو عدالت میں حاضر ہو کر پیروی کرے ورنہ کارروائی یکطرفہ عمل میں لائی جائے گی۔
